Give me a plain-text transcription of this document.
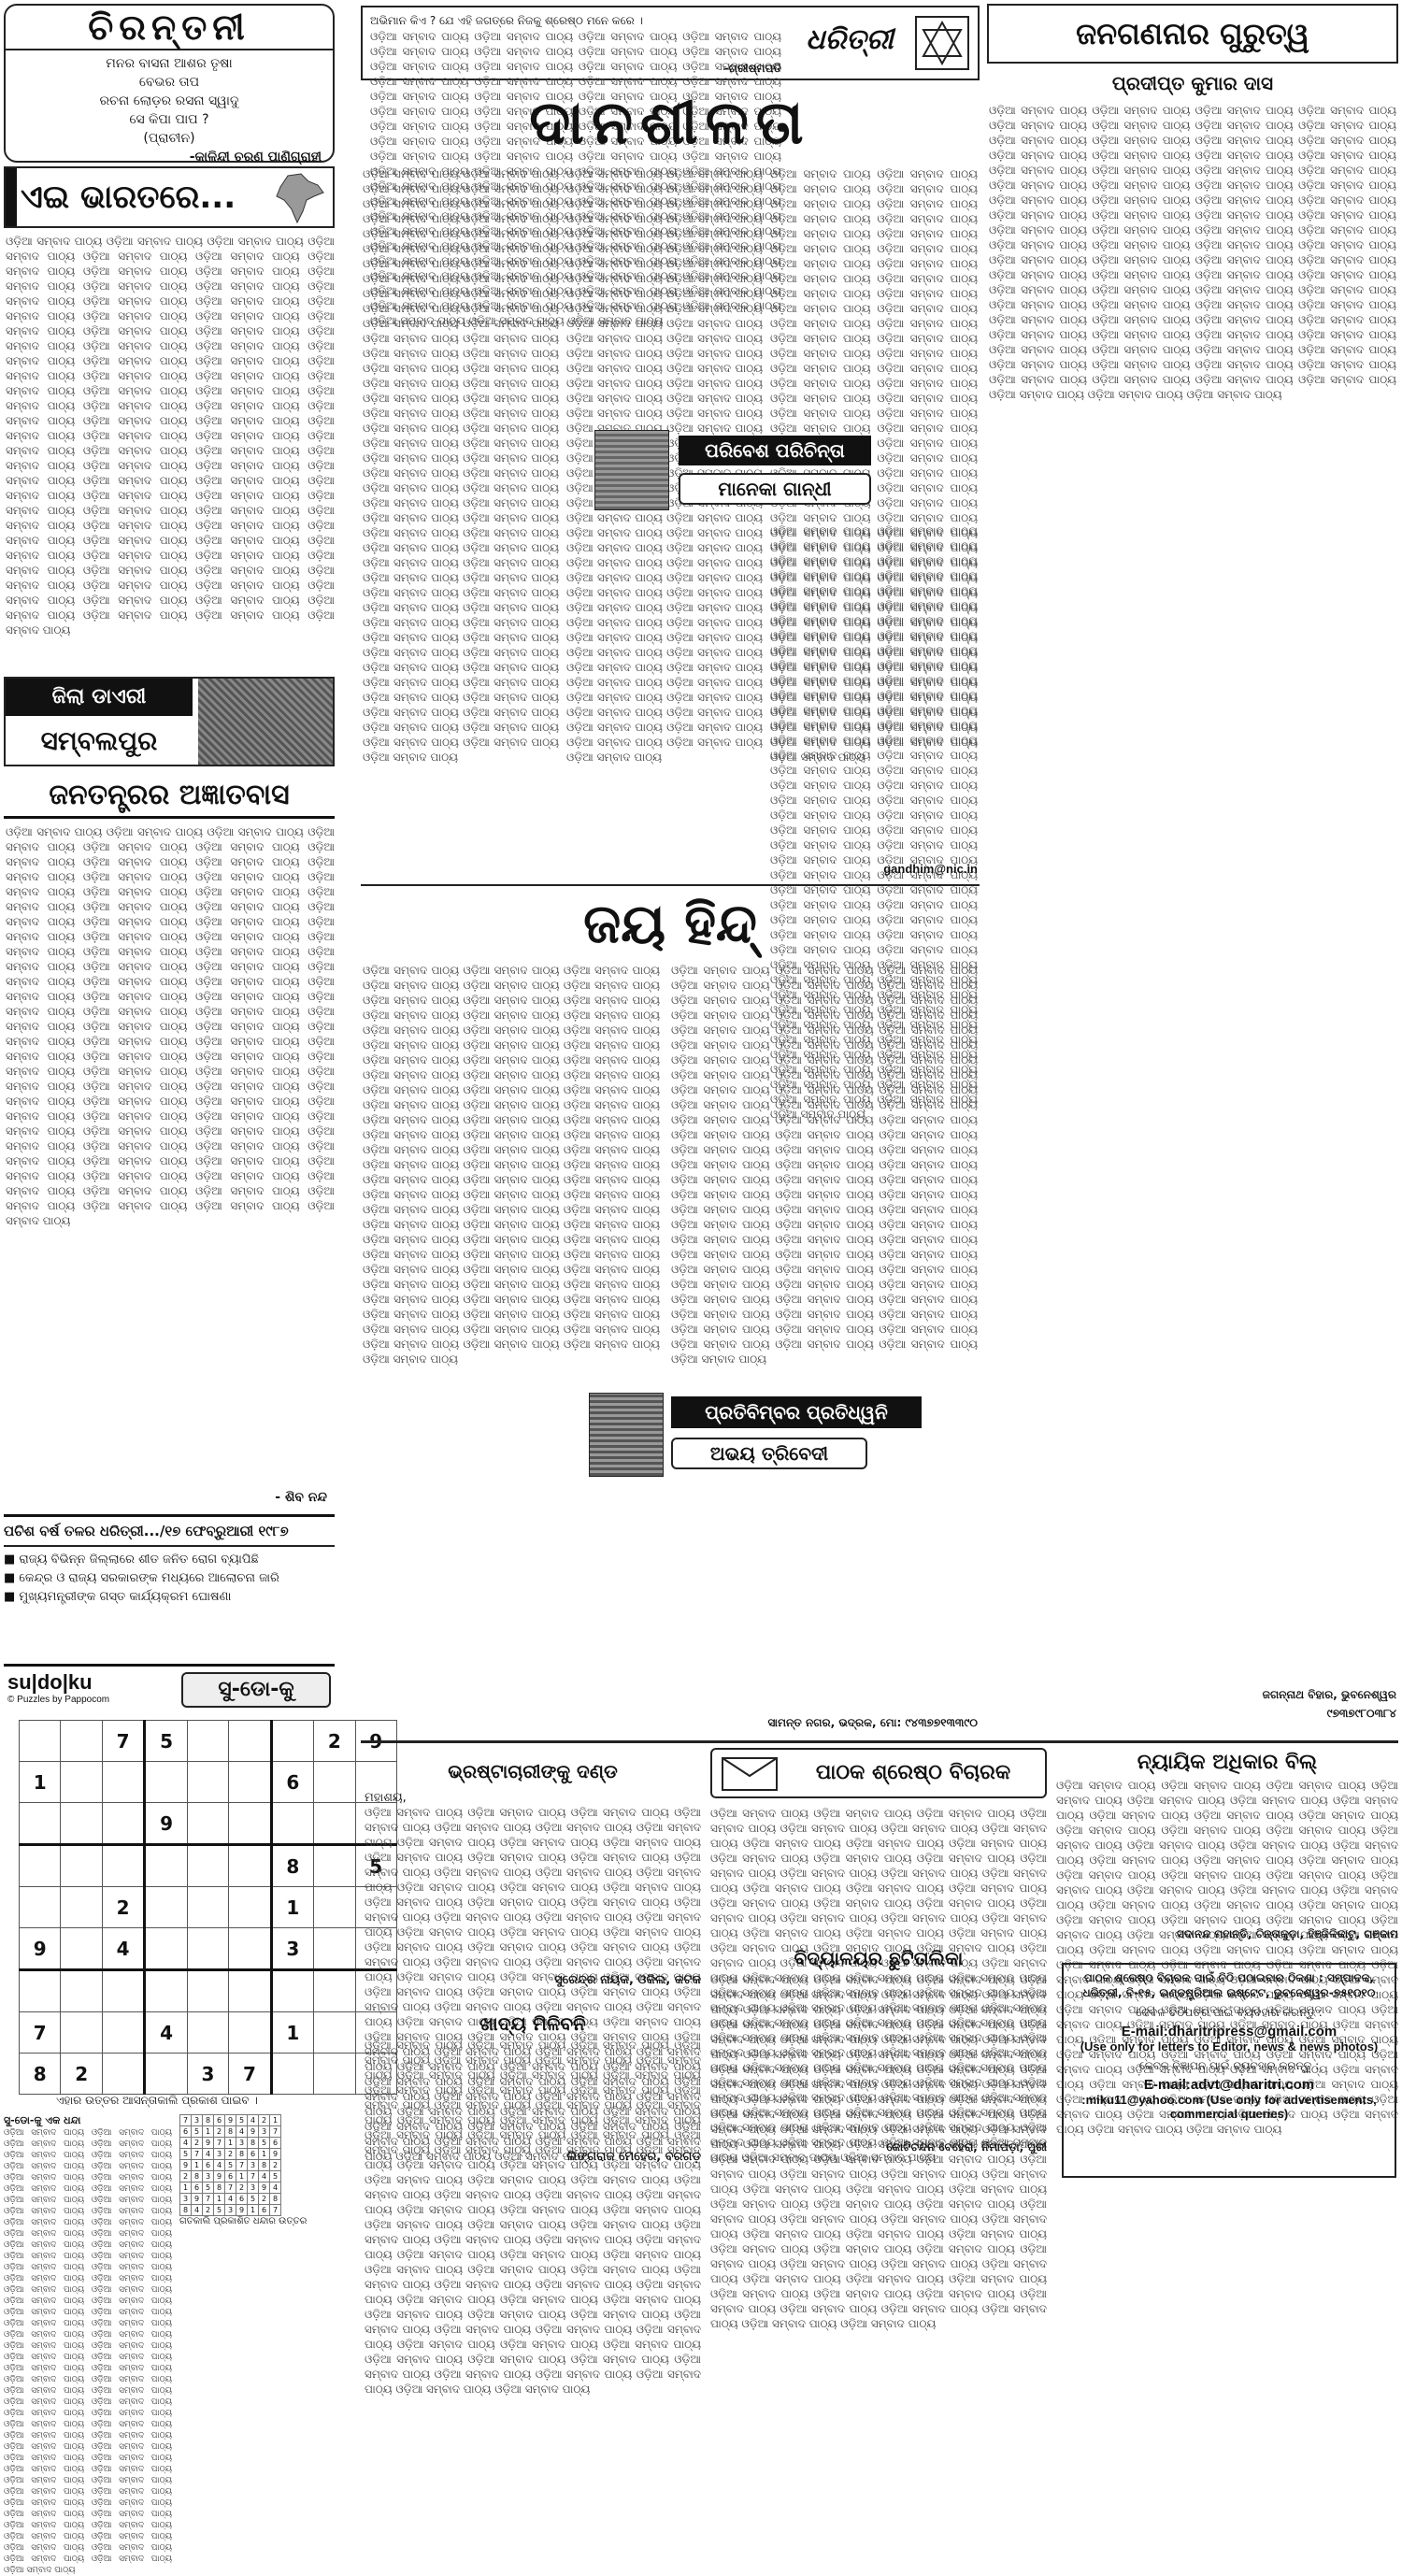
ଚିରନ୍ତନୀ
ମନର ବାସନା ଆଶର ତୃଷା
ବେଭର ତାପ
ରଚନା ଲୋଡ଼ର ରସନା ସ୍ୱାଦୁ
ସେ କିପା ପାପ ?
(ପ୍ରାଚୀନ)
-କାଳିନ୍ଦୀ ଚରଣ ପାଣିଗ୍ରାହୀ
ଏଇ ଭାରତରେ...
ଓଡ଼ିଆ ସମ୍ବାଦ ପାଠ୍ୟ ଓଡ଼ିଆ ସମ୍ବାଦ ପାଠ୍ୟ ଓଡ଼ିଆ ସମ୍ବାଦ ପାଠ୍ୟ ଓଡ଼ିଆ ସମ୍ବାଦ ପାଠ୍ୟ ଓଡ଼ିଆ ସମ୍ବାଦ ପାଠ୍ୟ ଓଡ଼ିଆ ସମ୍ବାଦ ପାଠ୍ୟ ଓଡ଼ିଆ ସମ୍ବାଦ ପାଠ୍ୟ ଓଡ଼ିଆ ସମ୍ବାଦ ପାଠ୍ୟ ଓଡ଼ିଆ ସମ୍ବାଦ ପାଠ୍ୟ ଓଡ଼ିଆ ସମ୍ବାଦ ପାଠ୍ୟ ଓଡ଼ିଆ ସମ୍ବାଦ ପାଠ୍ୟ ଓଡ଼ିଆ ସମ୍ବାଦ ପାଠ୍ୟ ଓଡ଼ିଆ ସମ୍ବାଦ ପାଠ୍ୟ ଓଡ଼ିଆ ସମ୍ବାଦ ପାଠ୍ୟ ଓଡ଼ିଆ ସମ୍ବାଦ ପାଠ୍ୟ ଓଡ଼ିଆ ସମ୍ବାଦ ପାଠ୍ୟ ଓଡ଼ିଆ ସମ୍ବାଦ ପାଠ୍ୟ ଓଡ଼ିଆ ସମ୍ବାଦ ପାଠ୍ୟ ଓଡ଼ିଆ ସମ୍ବାଦ ପାଠ୍ୟ ଓଡ଼ିଆ ସମ୍ବାଦ ପାଠ୍ୟ ଓଡ଼ିଆ ସମ୍ବାଦ ପାଠ୍ୟ ଓଡ଼ିଆ ସମ୍ବାଦ ପାଠ୍ୟ ଓଡ଼ିଆ ସମ୍ବାଦ ପାଠ୍ୟ ଓଡ଼ିଆ ସମ୍ବାଦ ପାଠ୍ୟ ଓଡ଼ିଆ ସମ୍ବାଦ ପାଠ୍ୟ ଓଡ଼ିଆ ସମ୍ବାଦ ପାଠ୍ୟ ଓଡ଼ିଆ ସମ୍ବାଦ ପାଠ୍ୟ ଓଡ଼ିଆ ସମ୍ବାଦ ପାଠ୍ୟ ଓଡ଼ିଆ ସମ୍ବାଦ ପାଠ୍ୟ ଓଡ଼ିଆ ସମ୍ବାଦ ପାଠ୍ୟ ଓଡ଼ିଆ ସମ୍ବାଦ ପାଠ୍ୟ ଓଡ଼ିଆ ସମ୍ବାଦ ପାଠ୍ୟ ଓଡ଼ିଆ ସମ୍ବାଦ ପାଠ୍ୟ ଓଡ଼ିଆ ସମ୍ବାଦ ପାଠ୍ୟ ଓଡ଼ିଆ ସମ୍ବାଦ ପାଠ୍ୟ ଓଡ଼ିଆ ସମ୍ବାଦ ପାଠ୍ୟ ଓଡ଼ିଆ ସମ୍ବାଦ ପାଠ୍ୟ ଓଡ଼ିଆ ସମ୍ବାଦ ପାଠ୍ୟ ଓଡ଼ିଆ ସମ୍ବାଦ ପାଠ୍ୟ ଓଡ଼ିଆ ସମ୍ବାଦ ପାଠ୍ୟ ଓଡ଼ିଆ ସମ୍ବାଦ ପାଠ୍ୟ ଓଡ଼ିଆ ସମ୍ବାଦ ପାଠ୍ୟ ଓଡ଼ିଆ ସମ୍ବାଦ ପାଠ୍ୟ ଓଡ଼ିଆ ସମ୍ବାଦ ପାଠ୍ୟ ଓଡ଼ିଆ ସମ୍ବାଦ ପାଠ୍ୟ ଓଡ଼ିଆ ସମ୍ବାଦ ପାଠ୍ୟ ଓଡ଼ିଆ ସମ୍ବାଦ ପାଠ୍ୟ ଓଡ଼ିଆ ସମ୍ବାଦ ପାଠ୍ୟ ଓଡ଼ିଆ ସମ୍ବାଦ ପାଠ୍ୟ ଓଡ଼ିଆ ସମ୍ବାଦ ପାଠ୍ୟ ଓଡ଼ିଆ ସମ୍ବାଦ ପାଠ୍ୟ ଓଡ଼ିଆ ସମ୍ବାଦ ପାଠ୍ୟ ଓଡ଼ିଆ ସମ୍ବାଦ ପାଠ୍ୟ ଓଡ଼ିଆ ସମ୍ବାଦ ପାଠ୍ୟ ଓଡ଼ିଆ ସମ୍ବାଦ ପାଠ୍ୟ ଓଡ଼ିଆ ସମ୍ବାଦ ପାଠ୍ୟ ଓଡ଼ିଆ ସମ୍ବାଦ ପାଠ୍ୟ ଓଡ଼ିଆ ସମ୍ବାଦ ପାଠ୍ୟ ଓଡ଼ିଆ ସମ୍ବାଦ ପାଠ୍ୟ ଓଡ଼ିଆ ସମ୍ବାଦ ପାଠ୍ୟ ଓଡ଼ିଆ ସମ୍ବାଦ ପାଠ୍ୟ ଓଡ଼ିଆ ସମ୍ବାଦ ପାଠ୍ୟ ଓଡ଼ିଆ ସମ୍ବାଦ ପାଠ୍ୟ ଓଡ଼ିଆ ସମ୍ବାଦ ପାଠ୍ୟ ଓଡ଼ିଆ ସମ୍ବାଦ ପାଠ୍ୟ ଓଡ଼ିଆ ସମ୍ବାଦ ପାଠ୍ୟ ଓଡ଼ିଆ ସମ୍ବାଦ ପାଠ୍ୟ ଓଡ଼ିଆ ସମ୍ବାଦ ପାଠ୍ୟ ଓଡ଼ିଆ ସମ୍ବାଦ ପାଠ୍ୟ ଓଡ଼ିଆ ସମ୍ବାଦ ପାଠ୍ୟ ଓଡ଼ିଆ ସମ୍ବାଦ ପାଠ୍ୟ ଓଡ଼ିଆ ସମ୍ବାଦ ପାଠ୍ୟ ଓଡ଼ିଆ ସମ୍ବାଦ ପାଠ୍ୟ ଓଡ଼ିଆ ସମ୍ବାଦ ପାଠ୍ୟ ଓଡ଼ିଆ ସମ୍ବାଦ ପାଠ୍ୟ ଓଡ଼ିଆ ସମ୍ବାଦ ପାଠ୍ୟ ଓଡ଼ିଆ ସମ୍ବାଦ ପାଠ୍ୟ ଓଡ଼ିଆ ସମ୍ବାଦ ପାଠ୍ୟ ଓଡ଼ିଆ ସମ୍ବାଦ ପାଠ୍ୟ
ଜିଲା ଡାଏରୀ
ସମ୍ବଲପୁର
ଜନତନ୍ତ୍ରର ଅଜ୍ଞାତବାସ
ଓଡ଼ିଆ ସମ୍ବାଦ ପାଠ୍ୟ ଓଡ଼ିଆ ସମ୍ବାଦ ପାଠ୍ୟ ଓଡ଼ିଆ ସମ୍ବାଦ ପାଠ୍ୟ ଓଡ଼ିଆ ସମ୍ବାଦ ପାଠ୍ୟ ଓଡ଼ିଆ ସମ୍ବାଦ ପାଠ୍ୟ ଓଡ଼ିଆ ସମ୍ବାଦ ପାଠ୍ୟ ଓଡ଼ିଆ ସମ୍ବାଦ ପାଠ୍ୟ ଓଡ଼ିଆ ସମ୍ବାଦ ପାଠ୍ୟ ଓଡ଼ିଆ ସମ୍ବାଦ ପାଠ୍ୟ ଓଡ଼ିଆ ସମ୍ବାଦ ପାଠ୍ୟ ଓଡ଼ିଆ ସମ୍ବାଦ ପାଠ୍ୟ ଓଡ଼ିଆ ସମ୍ବାଦ ପାଠ୍ୟ ଓଡ଼ିଆ ସମ୍ବାଦ ପାଠ୍ୟ ଓଡ଼ିଆ ସମ୍ବାଦ ପାଠ୍ୟ ଓଡ଼ିଆ ସମ୍ବାଦ ପାଠ୍ୟ ଓଡ଼ିଆ ସମ୍ବାଦ ପାଠ୍ୟ ଓଡ଼ିଆ ସମ୍ବାଦ ପାଠ୍ୟ ଓଡ଼ିଆ ସମ୍ବାଦ ପାଠ୍ୟ ଓଡ଼ିଆ ସମ୍ବାଦ ପାଠ୍ୟ ଓଡ଼ିଆ ସମ୍ବାଦ ପାଠ୍ୟ ଓଡ଼ିଆ ସମ୍ବାଦ ପାଠ୍ୟ ଓଡ଼ିଆ ସମ୍ବାଦ ପାଠ୍ୟ ଓଡ଼ିଆ ସମ୍ବାଦ ପାଠ୍ୟ ଓଡ଼ିଆ ସମ୍ବାଦ ପାଠ୍ୟ ଓଡ଼ିଆ ସମ୍ବାଦ ପାଠ୍ୟ ଓଡ଼ିଆ ସମ୍ବାଦ ପାଠ୍ୟ ଓଡ଼ିଆ ସମ୍ବାଦ ପାଠ୍ୟ ଓଡ଼ିଆ ସମ୍ବାଦ ପାଠ୍ୟ ଓଡ଼ିଆ ସମ୍ବାଦ ପାଠ୍ୟ ଓଡ଼ିଆ ସମ୍ବାଦ ପାଠ୍ୟ ଓଡ଼ିଆ ସମ୍ବାଦ ପାଠ୍ୟ ଓଡ଼ିଆ ସମ୍ବାଦ ପାଠ୍ୟ ଓଡ଼ିଆ ସମ୍ବାଦ ପାଠ୍ୟ ଓଡ଼ିଆ ସମ୍ବାଦ ପାଠ୍ୟ ଓଡ଼ିଆ ସମ୍ବାଦ ପାଠ୍ୟ ଓଡ଼ିଆ ସମ୍ବାଦ ପାଠ୍ୟ ଓଡ଼ିଆ ସମ୍ବାଦ ପାଠ୍ୟ ଓଡ଼ିଆ ସମ୍ବାଦ ପାଠ୍ୟ ଓଡ଼ିଆ ସମ୍ବାଦ ପାଠ୍ୟ ଓଡ଼ିଆ ସମ୍ବାଦ ପାଠ୍ୟ ଓଡ଼ିଆ ସମ୍ବାଦ ପାଠ୍ୟ ଓଡ଼ିଆ ସମ୍ବାଦ ପାଠ୍ୟ ଓଡ଼ିଆ ସମ୍ବାଦ ପାଠ୍ୟ ଓଡ଼ିଆ ସମ୍ବାଦ ପାଠ୍ୟ ଓଡ଼ିଆ ସମ୍ବାଦ ପାଠ୍ୟ ଓଡ଼ିଆ ସମ୍ବାଦ ପାଠ୍ୟ ଓଡ଼ିଆ ସମ୍ବାଦ ପାଠ୍ୟ ଓଡ଼ିଆ ସମ୍ବାଦ ପାଠ୍ୟ ଓଡ଼ିଆ ସମ୍ବାଦ ପାଠ୍ୟ ଓଡ଼ିଆ ସମ୍ବାଦ ପାଠ୍ୟ ଓଡ଼ିଆ ସମ୍ବାଦ ପାଠ୍ୟ ଓଡ଼ିଆ ସମ୍ବାଦ ପାଠ୍ୟ ଓଡ଼ିଆ ସମ୍ବାଦ ପାଠ୍ୟ ଓଡ଼ିଆ ସମ୍ବାଦ ପାଠ୍ୟ ଓଡ଼ିଆ ସମ୍ବାଦ ପାଠ୍ୟ ଓଡ଼ିଆ ସମ୍ବାଦ ପାଠ୍ୟ ଓଡ଼ିଆ ସମ୍ବାଦ ପାଠ୍ୟ ଓଡ଼ିଆ ସମ୍ବାଦ ପାଠ୍ୟ ଓଡ଼ିଆ ସମ୍ବାଦ ପାଠ୍ୟ ଓଡ଼ିଆ ସମ୍ବାଦ ପାଠ୍ୟ ଓଡ଼ିଆ ସମ୍ବାଦ ପାଠ୍ୟ ଓଡ଼ିଆ ସମ୍ବାଦ ପାଠ୍ୟ ଓଡ଼ିଆ ସମ୍ବାଦ ପାଠ୍ୟ ଓଡ଼ିଆ ସମ୍ବାଦ ପାଠ୍ୟ ଓଡ଼ିଆ ସମ୍ବାଦ ପାଠ୍ୟ ଓଡ଼ିଆ ସମ୍ବାଦ ପାଠ୍ୟ ଓଡ଼ିଆ ସମ୍ବାଦ ପାଠ୍ୟ ଓଡ଼ିଆ ସମ୍ବାଦ ପାଠ୍ୟ ଓଡ଼ିଆ ସମ୍ବାଦ ପାଠ୍ୟ ଓଡ଼ିଆ ସମ୍ବାଦ ପାଠ୍ୟ ଓଡ଼ିଆ ସମ୍ବାଦ ପାଠ୍ୟ ଓଡ଼ିଆ ସମ୍ବାଦ ପାଠ୍ୟ ଓଡ଼ିଆ ସମ୍ବାଦ ପାଠ୍ୟ ଓଡ଼ିଆ ସମ୍ବାଦ ପାଠ୍ୟ ଓଡ଼ିଆ ସମ୍ବାଦ ପାଠ୍ୟ ଓଡ଼ିଆ ସମ୍ବାଦ ପାଠ୍ୟ ଓଡ଼ିଆ ସମ୍ବାଦ ପାଠ୍ୟ ଓଡ଼ିଆ ସମ୍ବାଦ ପାଠ୍ୟ ଓଡ଼ିଆ ସମ୍ବାଦ ପାଠ୍ୟ
- ଶିବ ନନ୍ଦ
ପଚିଶ ବର୍ଷ ତଳର ଧରିତ୍ରୀ.../୧୭ ଫେବ୍ରୁଆରୀ ୧୯୮୭
■ ରାଜ୍ୟ ବିଭିନ୍ନ ଜିଲ୍ଲାରେ ଶୀତ ଜନିତ ରୋଗ ବ୍ୟାପିଛି
■ କେନ୍ଦ୍ର ଓ ରାଜ୍ୟ ସରକାରଙ୍କ ମଧ୍ୟରେ ଆଲୋଚନା ଜାରି
■ ମୁଖ୍ୟମନ୍ତ୍ରୀଙ୍କ ଗସ୍ତ କାର୍ଯ୍ୟକ୍ରମ ଘୋଷଣା
su|do|ku
© Puzzles by Pappocom	ସୁ-ଡୋ-କୁ
		7	5				2	
1						6		
			9					
						8		5
		2				1		
9		4				3		

7			4			1		
8	2			3	7			
ଏହାର ଉତ୍ତର ଆସନ୍ତାକାଲି ପ୍ରକାଶ ପାଇବ ।
ସୁ-ଡୋ-କୁ ଏକ ଧନ୍ଦା
ଓଡ଼ିଆ ସମ୍ବାଦ ପାଠ୍ୟ ଓଡ଼ିଆ ସମ୍ବାଦ ପାଠ୍ୟ ଓଡ଼ିଆ ସମ୍ବାଦ ପାଠ୍ୟ ଓଡ଼ିଆ ସମ୍ବାଦ ପାଠ୍ୟ ଓଡ଼ିଆ ସମ୍ବାଦ ପାଠ୍ୟ ଓଡ଼ିଆ ସମ୍ବାଦ ପାଠ୍ୟ ଓଡ଼ିଆ ସମ୍ବାଦ ପାଠ୍ୟ ଓଡ଼ିଆ ସମ୍ବାଦ ପାଠ୍ୟ ଓଡ଼ିଆ ସମ୍ବାଦ ପାଠ୍ୟ ଓଡ଼ିଆ ସମ୍ବାଦ ପାଠ୍ୟ ଓଡ଼ିଆ ସମ୍ବାଦ ପାଠ୍ୟ ଓଡ଼ିଆ ସମ୍ବାଦ ପାଠ୍ୟ ଓଡ଼ିଆ ସମ୍ବାଦ ପାଠ୍ୟ ଓଡ଼ିଆ ସମ୍ବାଦ ପାଠ୍ୟ ଓଡ଼ିଆ ସମ୍ବାଦ ପାଠ୍ୟ ଓଡ଼ିଆ ସମ୍ବାଦ ପାଠ୍ୟ ଓଡ଼ିଆ ସମ୍ବାଦ ପାଠ୍ୟ ଓଡ଼ିଆ ସମ୍ବାଦ ପାଠ୍ୟ ଓଡ଼ିଆ ସମ୍ବାଦ ପାଠ୍ୟ ଓଡ଼ିଆ ସମ୍ବାଦ ପାଠ୍ୟ ଓଡ଼ିଆ ସମ୍ବାଦ ପାଠ୍ୟ ଓଡ଼ିଆ ସମ୍ବାଦ ପାଠ୍ୟ ଓଡ଼ିଆ ସମ୍ବାଦ ପାଠ୍ୟ ଓଡ଼ିଆ ସମ୍ବାଦ ପାଠ୍ୟ ଓଡ଼ିଆ ସମ୍ବାଦ ପାଠ୍ୟ ଓଡ଼ିଆ ସମ୍ବାଦ ପାଠ୍ୟ ଓଡ଼ିଆ ସମ୍ବାଦ ପାଠ୍ୟ ଓଡ଼ିଆ ସମ୍ବାଦ ପାଠ୍ୟ ଓଡ଼ିଆ ସମ୍ବାଦ ପାଠ୍ୟ ଓଡ଼ିଆ ସମ୍ବାଦ ପାଠ୍ୟ ଓଡ଼ିଆ ସମ୍ବାଦ ପାଠ୍ୟ ଓଡ଼ିଆ ସମ୍ବାଦ ପାଠ୍ୟ ଓଡ଼ିଆ ସମ୍ବାଦ ପାଠ୍ୟ ଓଡ଼ିଆ ସମ୍ବାଦ ପାଠ୍ୟ ଓଡ଼ିଆ ସମ୍ବାଦ ପାଠ୍ୟ ଓଡ଼ିଆ ସମ୍ବାଦ ପାଠ୍ୟ ଓଡ଼ିଆ ସମ୍ବାଦ ପାଠ୍ୟ ଓଡ଼ିଆ ସମ୍ବାଦ ପାଠ୍ୟ ଓଡ଼ିଆ ସମ୍ବାଦ ପାଠ୍ୟ ଓଡ଼ିଆ ସମ୍ବାଦ ପାଠ୍ୟ ଓଡ଼ିଆ ସମ୍ବାଦ ପାଠ୍ୟ ଓଡ଼ିଆ ସମ୍ବାଦ ପାଠ୍ୟ ଓଡ଼ିଆ ସମ୍ବାଦ ପାଠ୍ୟ ଓଡ଼ିଆ ସମ୍ବାଦ ପାଠ୍ୟ ଓଡ଼ିଆ ସମ୍ବାଦ ପାଠ୍ୟ ଓଡ଼ିଆ ସମ୍ବାଦ ପାଠ୍ୟ ଓଡ଼ିଆ ସମ୍ବାଦ ପାଠ୍ୟ ଓଡ଼ିଆ ସମ୍ବାଦ ପାଠ୍ୟ ଓଡ଼ିଆ ସମ୍ବାଦ ପାଠ୍ୟ ଓଡ଼ିଆ ସମ୍ବାଦ ପାଠ୍ୟ ଓଡ଼ିଆ ସମ୍ବାଦ ପାଠ୍ୟ ଓଡ଼ିଆ ସମ୍ବାଦ ପାଠ୍ୟ ଓଡ଼ିଆ ସମ୍ବାଦ ପାଠ୍ୟ ଓଡ଼ିଆ ସମ୍ବାଦ ପାଠ୍ୟ ଓଡ଼ିଆ ସମ୍ବାଦ ପାଠ୍ୟ ଓଡ଼ିଆ ସମ୍ବାଦ ପାଠ୍ୟ ଓଡ଼ିଆ ସମ୍ବାଦ ପାଠ୍ୟ ଓଡ଼ିଆ ସମ୍ବାଦ ପାଠ୍ୟ ଓଡ଼ିଆ ସମ୍ବାଦ ପାଠ୍ୟ ଓଡ଼ିଆ ସମ୍ବାଦ ପାଠ୍ୟ ଓଡ଼ିଆ ସମ୍ବାଦ ପାଠ୍ୟ ଓଡ଼ିଆ ସମ୍ବାଦ ପାଠ୍ୟ ଓଡ଼ିଆ ସମ୍ବାଦ ପାଠ୍ୟ ଓଡ଼ିଆ ସମ୍ବାଦ ପାଠ୍ୟ ଓଡ଼ିଆ ସମ୍ବାଦ ପାଠ୍ୟ ଓଡ଼ିଆ ସମ୍ବାଦ ପାଠ୍ୟ ଓଡ଼ିଆ ସମ୍ବାଦ ପାଠ୍ୟ ଓଡ଼ିଆ ସମ୍ବାଦ ପାଠ୍ୟ ଓଡ଼ିଆ ସମ୍ବାଦ ପାଠ୍ୟ ଓଡ଼ିଆ ସମ୍ବାଦ ପାଠ୍ୟ ଓଡ଼ିଆ ସମ୍ବାଦ ପାଠ୍ୟ ଓଡ଼ିଆ ସମ୍ବାଦ ପାଠ୍ୟ ଓଡ଼ିଆ ସମ୍ବାଦ ପାଠ୍ୟ ଓଡ଼ିଆ ସମ୍ବାଦ ପାଠ୍ୟ ଓଡ଼ିଆ ସମ୍ବାଦ ପାଠ୍ୟ ଓଡ଼ିଆ ସମ୍ବାଦ ପାଠ୍ୟ ଓଡ଼ିଆ ସମ୍ବାଦ ପାଠ୍ୟ ଓଡ଼ିଆ ସମ୍ବାଦ ପାଠ୍ୟ ଓଡ଼ିଆ ସମ୍ବାଦ ପାଠ୍ୟ	7	3	8	6	9	5	4	2	1
6	5	1	2	8	4	9	3	7
4	2	9	7	1	3	8	5	6
5	7	4	3	2	8	6	1	9
9	1	6	4	5	7	3	8	2
2	8	3	9	6	1	7	4	5
1	6	5	8	7	2	3	9	4
3	9	7	1	4	6	5	2	8
8	4	2	5	3	9	1	6	7
ଗତକାଲି ପ୍ରକାଶିତ ଧନ୍ଦାର ଉତ୍ତର
ଅଭିମାନ କିଏ ? ଯେ ଏହି ଜଗତ୍ରେ ନିଜକୁ ଶ୍ରେଷ୍ଠ ମନେ କରେ ।
ଓଡ଼ିଆ ସମ୍ବାଦ ପାଠ୍ୟ ଓଡ଼ିଆ ସମ୍ବାଦ ପାଠ୍ୟ ଓଡ଼ିଆ ସମ୍ବାଦ ପାଠ୍ୟ ଓଡ଼ିଆ ସମ୍ବାଦ ପାଠ୍ୟ ଓଡ଼ିଆ ସମ୍ବାଦ ପାଠ୍ୟ ଓଡ଼ିଆ ସମ୍ବାଦ ପାଠ୍ୟ ଓଡ଼ିଆ ସମ୍ବାଦ ପାଠ୍ୟ ଓଡ଼ିଆ ସମ୍ବାଦ ପାଠ୍ୟ ଓଡ଼ିଆ ସମ୍ବାଦ ପାଠ୍ୟ ଓଡ଼ିଆ ସମ୍ବାଦ ପାଠ୍ୟ ଓଡ଼ିଆ ସମ୍ବାଦ ପାଠ୍ୟ ଓଡ଼ିଆ ସମ୍ବାଦ ପାଠ୍ୟ ଓଡ଼ିଆ ସମ୍ବାଦ ପାଠ୍ୟ ଓଡ଼ିଆ ସମ୍ବାଦ ପାଠ୍ୟ ଓଡ଼ିଆ ସମ୍ବାଦ ପାଠ୍ୟ ଓଡ଼ିଆ ସମ୍ବାଦ ପାଠ୍ୟ ଓଡ଼ିଆ ସମ୍ବାଦ ପାଠ୍ୟ ଓଡ଼ିଆ ସମ୍ବାଦ ପାଠ୍ୟ ଓଡ଼ିଆ ସମ୍ବାଦ ପାଠ୍ୟ ଓଡ଼ିଆ ସମ୍ବାଦ ପାଠ୍ୟ ଓଡ଼ିଆ ସମ୍ବାଦ ପାଠ୍ୟ ଓଡ଼ିଆ ସମ୍ବାଦ ପାଠ୍ୟ ଓଡ଼ିଆ ସମ୍ବାଦ ପାଠ୍ୟ ଓଡ଼ିଆ ସମ୍ବାଦ ପାଠ୍ୟ ଓଡ଼ିଆ ସମ୍ବାଦ ପାଠ୍ୟ ଓଡ଼ିଆ ସମ୍ବାଦ ପାଠ୍ୟ ଓଡ଼ିଆ ସମ୍ବାଦ ପାଠ୍ୟ ଓଡ଼ିଆ ସମ୍ବାଦ ପାଠ୍ୟ ଓଡ଼ିଆ ସମ୍ବାଦ ପାଠ୍ୟ ଓଡ଼ିଆ ସମ୍ବାଦ ପାଠ୍ୟ ଓଡ଼ିଆ ସମ୍ବାଦ ପାଠ୍ୟ ଓଡ଼ିଆ ସମ୍ବାଦ ପାଠ୍ୟ ଓଡ଼ିଆ ସମ୍ବାଦ ପାଠ୍ୟ ଓଡ଼ିଆ ସମ୍ବାଦ ପାଠ୍ୟ ଓଡ଼ିଆ ସମ୍ବାଦ ପାଠ୍ୟ ଓଡ଼ିଆ ସମ୍ବାଦ ପାଠ୍ୟ ଓଡ଼ିଆ ସମ୍ବାଦ ପାଠ୍ୟ ଓଡ଼ିଆ ସମ୍ବାଦ ପାଠ୍ୟ ଓଡ଼ିଆ ସମ୍ବାଦ ପାଠ୍ୟ ଓଡ଼ିଆ ସମ୍ବାଦ ପାଠ୍ୟ ଓଡ଼ିଆ ସମ୍ବାଦ ପାଠ୍ୟ ଓଡ଼ିଆ ସମ୍ବାଦ ପାଠ୍ୟ ଓଡ଼ିଆ ସମ୍ବାଦ ପାଠ୍ୟ ଓଡ଼ିଆ ସମ୍ବାଦ ପାଠ୍ୟ ଓଡ଼ିଆ ସମ୍ବାଦ ପାଠ୍ୟ ଓଡ଼ିଆ ସମ୍ବାଦ ପାଠ୍ୟ ଓଡ଼ିଆ ସମ୍ବାଦ ପାଠ୍ୟ ଓଡ଼ିଆ ସମ୍ବାଦ ପାଠ୍ୟ ଓଡ଼ିଆ ସମ୍ବାଦ ପାଠ୍ୟ ଓଡ଼ିଆ ସମ୍ବାଦ ପାଠ୍ୟ ଓଡ଼ିଆ ସମ୍ବାଦ ପାଠ୍ୟ ଓଡ଼ିଆ ସମ୍ବାଦ ପାଠ୍ୟ ଓଡ଼ିଆ ସମ୍ବାଦ ପାଠ୍ୟ ଓଡ଼ିଆ ସମ୍ବାଦ ପାଠ୍ୟ ଓଡ଼ିଆ ସମ୍ବାଦ ପାଠ୍ୟ ଓଡ଼ିଆ ସମ୍ବାଦ ପାଠ୍ୟ ଓଡ଼ିଆ ସମ୍ବାଦ ପାଠ୍ୟ ଓଡ଼ିଆ ସମ୍ବାଦ ପାଠ୍ୟ ଓଡ଼ିଆ ସମ୍ବାଦ ପାଠ୍ୟ ଓଡ଼ିଆ ସମ୍ବାଦ ପାଠ୍ୟ ଓଡ଼ିଆ ସମ୍ବାଦ ପାଠ୍ୟ ଓଡ଼ିଆ ସମ୍ବାଦ ପାଠ୍ୟ ଓଡ଼ିଆ ସମ୍ବାଦ ପାଠ୍ୟ ଓଡ଼ିଆ ସମ୍ବାଦ ପାଠ୍ୟ ଓଡ଼ିଆ ସମ୍ବାଦ ପାଠ୍ୟ ଓଡ଼ିଆ ସମ୍ବାଦ ପାଠ୍ୟ ଓଡ଼ିଆ ସମ୍ବାଦ ପାଠ୍ୟ ଓଡ଼ିଆ ସମ୍ବାଦ ପାଠ୍ୟ ଓଡ଼ିଆ ସମ୍ବାଦ ପାଠ୍ୟ ଓଡ଼ିଆ ସମ୍ବାଦ ପାଠ୍ୟ ଓଡ଼ିଆ ସମ୍ବାଦ ପାଠ୍ୟ ଓଡ଼ିଆ ସମ୍ବାଦ ପାଠ୍ୟ ଓଡ଼ିଆ ସମ୍ବାଦ ପାଠ୍ୟ ଓଡ଼ିଆ ସମ୍ବାଦ ପାଠ୍ୟ ଓଡ଼ିଆ ସମ୍ବାଦ ପାଠ୍ୟ ଓଡ଼ିଆ ସମ୍ବାଦ ପାଠ୍ୟ ଓଡ଼ିଆ ସମ୍ବାଦ ପାଠ୍ୟ ଓଡ଼ିଆ ସମ୍ବାଦ ପାଠ୍ୟ ଓଡ଼ିଆ ସମ୍ବାଦ ପାଠ୍ୟ
-ଗ୍ରୀଷ୍ମପତି
ଧରିତ୍ରୀ
ଦାନଶୀଳତା
ଓଡ଼ିଆ ସମ୍ବାଦ ପାଠ୍ୟ ଓଡ଼ିଆ ସମ୍ବାଦ ପାଠ୍ୟ ଓଡ଼ିଆ ସମ୍ବାଦ ପାଠ୍ୟ ଓଡ଼ିଆ ସମ୍ବାଦ ପାଠ୍ୟ ଓଡ଼ିଆ ସମ୍ବାଦ ପାଠ୍ୟ ଓଡ଼ିଆ ସମ୍ବାଦ ପାଠ୍ୟ ଓଡ଼ିଆ ସମ୍ବାଦ ପାଠ୍ୟ ଓଡ଼ିଆ ସମ୍ବାଦ ପାଠ୍ୟ ଓଡ଼ିଆ ସମ୍ବାଦ ପାଠ୍ୟ ଓଡ଼ିଆ ସମ୍ବାଦ ପାଠ୍ୟ ଓଡ଼ିଆ ସମ୍ବାଦ ପାଠ୍ୟ ଓଡ଼ିଆ ସମ୍ବାଦ ପାଠ୍ୟ ଓଡ଼ିଆ ସମ୍ବାଦ ପାଠ୍ୟ ଓଡ଼ିଆ ସମ୍ବାଦ ପାଠ୍ୟ ଓଡ଼ିଆ ସମ୍ବାଦ ପାଠ୍ୟ ଓଡ଼ିଆ ସମ୍ବାଦ ପାଠ୍ୟ ଓଡ଼ିଆ ସମ୍ବାଦ ପାଠ୍ୟ ଓଡ଼ିଆ ସମ୍ବାଦ ପାଠ୍ୟ ଓଡ଼ିଆ ସମ୍ବାଦ ପାଠ୍ୟ ଓଡ଼ିଆ ସମ୍ବାଦ ପାଠ୍ୟ ଓଡ଼ିଆ ସମ୍ବାଦ ପାଠ୍ୟ ଓଡ଼ିଆ ସମ୍ବାଦ ପାଠ୍ୟ ଓଡ଼ିଆ ସମ୍ବାଦ ପାଠ୍ୟ ଓଡ଼ିଆ ସମ୍ବାଦ ପାଠ୍ୟ ଓଡ଼ିଆ ସମ୍ବାଦ ପାଠ୍ୟ ଓଡ଼ିଆ ସମ୍ବାଦ ପାଠ୍ୟ ଓଡ଼ିଆ ସମ୍ବାଦ ପାଠ୍ୟ ଓଡ଼ିଆ ସମ୍ବାଦ ପାଠ୍ୟ ଓଡ଼ିଆ ସମ୍ବାଦ ପାଠ୍ୟ ଓଡ଼ିଆ ସମ୍ବାଦ ପାଠ୍ୟ ଓଡ଼ିଆ ସମ୍ବାଦ ପାଠ୍ୟ ଓଡ଼ିଆ ସମ୍ବାଦ ପାଠ୍ୟ ଓଡ଼ିଆ ସମ୍ବାଦ ପାଠ୍ୟ ଓଡ଼ିଆ ସମ୍ବାଦ ପାଠ୍ୟ ଓଡ଼ିଆ ସମ୍ବାଦ ପାଠ୍ୟ ଓଡ଼ିଆ ସମ୍ବାଦ ପାଠ୍ୟ ଓଡ଼ିଆ ସମ୍ବାଦ ପାଠ୍ୟ ଓଡ଼ିଆ ସମ୍ବାଦ ପାଠ୍ୟ ଓଡ଼ିଆ ସମ୍ବାଦ ପାଠ୍ୟ ଓଡ଼ିଆ ସମ୍ବାଦ ପାଠ୍ୟ ଓଡ଼ିଆ ସମ୍ବାଦ ପାଠ୍ୟ ଓଡ଼ିଆ ସମ୍ବାଦ ପାଠ୍ୟ ଓଡ଼ିଆ ସମ୍ବାଦ ପାଠ୍ୟ ଓଡ଼ିଆ ସମ୍ବାଦ ପାଠ୍ୟ ଓଡ଼ିଆ ସମ୍ବାଦ ପାଠ୍ୟ ଓଡ଼ିଆ ସମ୍ବାଦ ପାଠ୍ୟ ଓଡ଼ିଆ ସମ୍ବାଦ ପାଠ୍ୟ ଓଡ଼ିଆ ସମ୍ବାଦ ପାଠ୍ୟ ଓଡ଼ିଆ ସମ୍ବାଦ ପାଠ୍ୟ ଓଡ଼ିଆ ସମ୍ବାଦ ପାଠ୍ୟ ଓଡ଼ିଆ ସମ୍ବାଦ ପାଠ୍ୟ ଓଡ଼ିଆ ସମ୍ବାଦ ପାଠ୍ୟ ଓଡ଼ିଆ ସମ୍ବାଦ ପାଠ୍ୟ ଓଡ଼ିଆ ସମ୍ବାଦ ପାଠ୍ୟ ଓଡ଼ିଆ ସମ୍ବାଦ ପାଠ୍ୟ ଓଡ଼ିଆ ସମ୍ବାଦ ପାଠ୍ୟ ଓଡ଼ିଆ ସମ୍ବାଦ ପାଠ୍ୟ ଓଡ଼ିଆ ସମ୍ବାଦ ପାଠ୍ୟ ଓଡ଼ିଆ ସମ୍ବାଦ ପାଠ୍ୟ ଓଡ଼ିଆ ସମ୍ବାଦ ପାଠ୍ୟ ଓଡ଼ିଆ ସମ୍ବାଦ ପାଠ୍ୟ ଓଡ଼ିଆ ସମ୍ବାଦ ପାଠ୍ୟ ଓଡ଼ିଆ ସମ୍ବାଦ ପାଠ୍ୟ ଓଡ଼ିଆ ସମ୍ବାଦ ପାଠ୍ୟ ଓଡ଼ିଆ ସମ୍ବାଦ ପାଠ୍ୟ ଓଡ଼ିଆ ସମ୍ବାଦ ପାଠ୍ୟ ଓଡ଼ିଆ ସମ୍ବାଦ ପାଠ୍ୟ ଓଡ଼ିଆ ସମ୍ବାଦ ପାଠ୍ୟ ଓଡ଼ିଆ ସମ୍ବାଦ ପାଠ୍ୟ ଓଡ଼ିଆ ସମ୍ବାଦ ପାଠ୍ୟ ଓଡ଼ିଆ ସମ୍ବାଦ ପାଠ୍ୟ ଓଡ଼ିଆ ସମ୍ବାଦ ପାଠ୍ୟ ଓଡ଼ିଆ ସମ୍ବାଦ ପାଠ୍ୟ ଓଡ଼ିଆ ସମ୍ବାଦ ପାଠ୍ୟ ଓଡ଼ିଆ ସମ୍ବାଦ ପାଠ୍ୟ ଓଡ଼ିଆ ସମ୍ବାଦ ପାଠ୍ୟ ଓଡ଼ିଆ ସମ୍ବାଦ ପାଠ୍ୟ ଓଡ଼ିଆ ସମ୍ବାଦ ପାଠ୍ୟ ଓଡ଼ିଆ ସମ୍ବାଦ ପାଠ୍ୟ
ଓଡ଼ିଆ ସମ୍ବାଦ ପାଠ୍ୟ ଓଡ଼ିଆ ସମ୍ବାଦ ପାଠ୍ୟ ଓଡ଼ିଆ ସମ୍ବାଦ ପାଠ୍ୟ ଓଡ଼ିଆ ସମ୍ବାଦ ପାଠ୍ୟ ଓଡ଼ିଆ ସମ୍ବାଦ ପାଠ୍ୟ ଓଡ଼ିଆ ସମ୍ବାଦ ପାଠ୍ୟ ଓଡ଼ିଆ ସମ୍ବାଦ ପାଠ୍ୟ ଓଡ଼ିଆ ସମ୍ବାଦ ପାଠ୍ୟ ଓଡ଼ିଆ ସମ୍ବାଦ ପାଠ୍ୟ ଓଡ଼ିଆ ସମ୍ବାଦ ପାଠ୍ୟ ଓଡ଼ିଆ ସମ୍ବାଦ ପାଠ୍ୟ ଓଡ଼ିଆ ସମ୍ବାଦ ପାଠ୍ୟ ଓଡ଼ିଆ ସମ୍ବାଦ ପାଠ୍ୟ ଓଡ଼ିଆ ସମ୍ବାଦ ପାଠ୍ୟ ଓଡ଼ିଆ ସମ୍ବାଦ ପାଠ୍ୟ ଓଡ଼ିଆ ସମ୍ବାଦ ପାଠ୍ୟ ଓଡ଼ିଆ ସମ୍ବାଦ ପାଠ୍ୟ ଓଡ଼ିଆ ସମ୍ବାଦ ପାଠ୍ୟ ଓଡ଼ିଆ ସମ୍ବାଦ ପାଠ୍ୟ ଓଡ଼ିଆ ସମ୍ବାଦ ପାଠ୍ୟ ଓଡ଼ିଆ ସମ୍ବାଦ ପାଠ୍ୟ ଓଡ଼ିଆ ସମ୍ବାଦ ପାଠ୍ୟ ଓଡ଼ିଆ ସମ୍ବାଦ ପାଠ୍ୟ ଓଡ଼ିଆ ସମ୍ବାଦ ପାଠ୍ୟ ଓଡ଼ିଆ ସମ୍ବାଦ ପାଠ୍ୟ ଓଡ଼ିଆ ସମ୍ବାଦ ପାଠ୍ୟ ଓଡ଼ିଆ ସମ୍ବାଦ ପାଠ୍ୟ ଓଡ଼ିଆ ସମ୍ବାଦ ପାଠ୍ୟ ଓଡ଼ିଆ ସମ୍ବାଦ ପାଠ୍ୟ ଓଡ଼ିଆ ସମ୍ବାଦ ପାଠ୍ୟ ଓଡ଼ିଆ ସମ୍ବାଦ ପାଠ୍ୟ ଓଡ଼ିଆ ସମ୍ବାଦ ପାଠ୍ୟ ଓଡ଼ିଆ ସମ୍ବାଦ ପାଠ୍ୟ ଓଡ଼ିଆ ସମ୍ବାଦ ପାଠ୍ୟ ଓଡ଼ିଆ ସମ୍ବାଦ ପାଠ୍ୟ ଓଡ଼ିଆ ସମ୍ବାଦ ପାଠ୍ୟ ଓଡ଼ିଆ ସମ୍ବାଦ ପାଠ୍ୟ ଓଡ଼ିଆ ସମ୍ବାଦ ପାଠ୍ୟ ଓଡ଼ିଆ ସମ୍ବାଦ ପାଠ୍ୟ ଓଡ଼ିଆ ସମ୍ବାଦ ପାଠ୍ୟ ଓଡ଼ିଆ ସମ୍ବାଦ ପାଠ୍ୟ ଓଡ଼ିଆ ସମ୍ବାଦ ପାଠ୍ୟ ଓଡ଼ିଆ ସମ୍ବାଦ ପାଠ୍ୟ ଓଡ଼ିଆ ସମ୍ବାଦ ପାଠ୍ୟ ଓଡ଼ିଆ ସମ୍ବାଦ ପାଠ୍ୟ ଓଡ଼ିଆ ସମ୍ବାଦ ପାଠ୍ୟ ଓଡ଼ିଆ ସମ୍ବାଦ ପାଠ୍ୟ ଓଡ଼ିଆ ସମ୍ବାଦ ପାଠ୍ୟ ଓଡ଼ିଆ ସମ୍ବାଦ ପାଠ୍ୟ ଓଡ଼ିଆ ସମ୍ବାଦ ପାଠ୍ୟ ଓଡ଼ିଆ ସମ୍ବାଦ ପାଠ୍ୟ ଓଡ଼ିଆ ସମ୍ବାଦ ପାଠ୍ୟ ଓଡ଼ିଆ ସମ୍ବାଦ ପାଠ୍ୟ ଓଡ଼ିଆ ସମ୍ବାଦ ପାଠ୍ୟ ଓଡ଼ିଆ ସମ୍ବାଦ ପାଠ୍ୟ ଓଡ଼ିଆ ସମ୍ବାଦ ପାଠ୍ୟ ଓଡ଼ିଆ ସମ୍ବାଦ ପାଠ୍ୟ ଓଡ଼ିଆ ସମ୍ବାଦ ପାଠ୍ୟ ଓଡ଼ିଆ ସମ୍ବାଦ ପାଠ୍ୟ ଓଡ଼ିଆ ସମ୍ବାଦ ପାଠ୍ୟ ଓଡ଼ିଆ ସମ୍ବାଦ ପାଠ୍ୟ ଓଡ଼ିଆ ସମ୍ବାଦ ପାଠ୍ୟ ଓଡ଼ିଆ ସମ୍ବାଦ ପାଠ୍ୟ ଓଡ଼ିଆ ସମ୍ବାଦ ପାଠ୍ୟ ଓଡ଼ିଆ ସମ୍ବାଦ ପାଠ୍ୟ ଓଡ଼ିଆ ସମ୍ବାଦ ପାଠ୍ୟ ଓଡ଼ିଆ ସମ୍ବାଦ ପାଠ୍ୟ ଓଡ଼ିଆ ସମ୍ବାଦ ପାଠ୍ୟ ଓଡ଼ିଆ ସମ୍ବାଦ ପାଠ୍ୟ ଓଡ଼ିଆ ସମ୍ବାଦ ପାଠ୍ୟ ଓଡ଼ିଆ ସମ୍ବାଦ ପାଠ୍ୟ ଓଡ଼ିଆ ସମ୍ବାଦ ପାଠ୍ୟ ଓଡ଼ିଆ ସମ୍ବାଦ ପାଠ୍ୟ ଓଡ଼ିଆ ସମ୍ବାଦ ପାଠ୍ୟ ଓଡ଼ିଆ ସମ୍ବାଦ ପାଠ୍ୟ ଓଡ଼ିଆ ସମ୍ବାଦ ପାଠ୍ୟ ଓଡ଼ିଆ ସମ୍ବାଦ ପାଠ୍ୟ ଓଡ଼ିଆ ସମ୍ବାଦ ପାଠ୍ୟ ଓଡ଼ିଆ ସମ୍ବାଦ ପାଠ୍ୟ
ଓଡ଼ିଆ ସମ୍ବାଦ ପାଠ୍ୟ ଓଡ଼ିଆ ସମ୍ବାଦ ପାଠ୍ୟ ଓଡ଼ିଆ ସମ୍ବାଦ ପାଠ୍ୟ ଓଡ଼ିଆ ସମ୍ବାଦ ପାଠ୍ୟ ଓଡ଼ିଆ ସମ୍ବାଦ ପାଠ୍ୟ ଓଡ଼ିଆ ସମ୍ବାଦ ପାଠ୍ୟ ଓଡ଼ିଆ ସମ୍ବାଦ ପାଠ୍ୟ ଓଡ଼ିଆ ସମ୍ବାଦ ପାଠ୍ୟ ଓଡ଼ିଆ ସମ୍ବାଦ ପାଠ୍ୟ ଓଡ଼ିଆ ସମ୍ବାଦ ପାଠ୍ୟ ଓଡ଼ିଆ ସମ୍ବାଦ ପାଠ୍ୟ ଓଡ଼ିଆ ସମ୍ବାଦ ପାଠ୍ୟ ଓଡ଼ିଆ ସମ୍ବାଦ ପାଠ୍ୟ ଓଡ଼ିଆ ସମ୍ବାଦ ପାଠ୍ୟ ଓଡ଼ିଆ ସମ୍ବାଦ ପାଠ୍ୟ ଓଡ଼ିଆ ସମ୍ବାଦ ପାଠ୍ୟ ଓଡ଼ିଆ ସମ୍ବାଦ ପାଠ୍ୟ ଓଡ଼ିଆ ସମ୍ବାଦ ପାଠ୍ୟ ଓଡ଼ିଆ ସମ୍ବାଦ ପାଠ୍ୟ ଓଡ଼ିଆ ସମ୍ବାଦ ପାଠ୍ୟ ଓଡ଼ିଆ ସମ୍ବାଦ ପାଠ୍ୟ ଓଡ଼ିଆ ସମ୍ବାଦ ପାଠ୍ୟ ଓଡ଼ିଆ ସମ୍ବାଦ ପାଠ୍ୟ ଓଡ଼ିଆ ସମ୍ବାଦ ପାଠ୍ୟ ଓଡ଼ିଆ ସମ୍ବାଦ ପାଠ୍ୟ ଓଡ଼ିଆ ସମ୍ବାଦ ପାଠ୍ୟ ଓଡ଼ିଆ ସମ୍ବାଦ ପାଠ୍ୟ ଓଡ଼ିଆ ସମ୍ବାଦ ପାଠ୍ୟ ଓଡ଼ିଆ ସମ୍ବାଦ ପାଠ୍ୟ ଓଡ଼ିଆ ସମ୍ବାଦ ପାଠ୍ୟ ଓଡ଼ିଆ ସମ୍ବାଦ ପାଠ୍ୟ ଓଡ଼ିଆ ସମ୍ବାଦ ପାଠ୍ୟ ଓଡ଼ିଆ ସମ୍ବାଦ ପାଠ୍ୟ ଓଡ଼ିଆ ସମ୍ବାଦ ପାଠ୍ୟ ଓଡ଼ିଆ ସମ୍ବାଦ ପାଠ୍ୟ ଓଡ଼ିଆ ସମ୍ବାଦ ପାଠ୍ୟ ଓଡ଼ିଆ ସମ୍ବାଦ ପାଠ୍ୟ ଓଡ଼ିଆ ସମ୍ବାଦ ପାଠ୍ୟ ଓଡ଼ିଆ ସମ୍ବାଦ ପାଠ୍ୟ ଓଡ଼ିଆ ସମ୍ବାଦ ପାଠ୍ୟ ଓଡ଼ିଆ ସମ୍ବାଦ ପାଠ୍ୟ ଓଡ଼ିଆ ସମ୍ବାଦ ପାଠ୍ୟ ଓଡ଼ିଆ ସମ୍ବାଦ ପାଠ୍ୟ ଓଡ଼ିଆ ସମ୍ବାଦ ପାଠ୍ୟ ଓଡ଼ିଆ ସମ୍ବାଦ ପାଠ୍ୟ ଓଡ଼ିଆ ସମ୍ବାଦ ପାଠ୍ୟ ଓଡ଼ିଆ ସମ୍ବାଦ ପାଠ୍ୟ ଓଡ଼ିଆ ସମ୍ବାଦ ପାଠ୍ୟ ଓଡ଼ିଆ ସମ୍ବାଦ ପାଠ୍ୟ ଓଡ଼ିଆ ସମ୍ବାଦ ପାଠ୍ୟ ଓଡ଼ିଆ ସମ୍ବାଦ ପାଠ୍ୟ ଓଡ଼ିଆ ସମ୍ବାଦ ପାଠ୍ୟ ଓଡ଼ିଆ ସମ୍ବାଦ ପାଠ୍ୟ ଓଡ଼ିଆ ସମ୍ବାଦ ପାଠ୍ୟ ଓଡ଼ିଆ ସମ୍ବାଦ ପାଠ୍ୟ ଓଡ଼ିଆ ସମ୍ବାଦ ପାଠ୍ୟ ଓଡ଼ିଆ ସମ୍ବାଦ ପାଠ୍ୟ ଓଡ଼ିଆ ସମ୍ବାଦ ପାଠ୍ୟ ଓଡ଼ିଆ ସମ୍ବାଦ ପାଠ୍ୟ ଓଡ଼ିଆ ସମ୍ବାଦ ପାଠ୍ୟ ଓଡ଼ିଆ ସମ୍ବାଦ ପାଠ୍ୟ ଓଡ଼ିଆ ସମ୍ବାଦ ପାଠ୍ୟ ଓଡ଼ିଆ ସମ୍ବାଦ ପାଠ୍ୟ ଓଡ଼ିଆ ସମ୍ବାଦ ପାଠ୍ୟ ଓଡ଼ିଆ ସମ୍ବାଦ ପାଠ୍ୟ ଓଡ଼ିଆ ସମ୍ବାଦ ପାଠ୍ୟ ଓଡ଼ିଆ ସମ୍ବାଦ ପାଠ୍ୟ ଓଡ଼ିଆ ସମ୍ବାଦ ପାଠ୍ୟ ଓଡ଼ିଆ ସମ୍ବାଦ ପାଠ୍ୟ ଓଡ଼ିଆ ସମ୍ବାଦ ପାଠ୍ୟ ଓଡ଼ିଆ ସମ୍ବାଦ ପାଠ୍ୟ ଓଡ଼ିଆ ସମ୍ବାଦ ପାଠ୍ୟ ଓଡ଼ିଆ ସମ୍ବାଦ ପାଠ୍ୟ ଓଡ଼ିଆ ସମ୍ବାଦ ପାଠ୍ୟ ଓଡ଼ିଆ ସମ୍ବାଦ ପାଠ୍ୟ ଓଡ଼ିଆ ସମ୍ବାଦ ପାଠ୍ୟ ଓଡ଼ିଆ ସମ୍ବାଦ ପାଠ୍ୟ ଓଡ଼ିଆ ସମ୍ବାଦ ପାଠ୍ୟ ଓଡ଼ିଆ ସମ୍ବାଦ ପାଠ୍ୟ
ପରିବେଶ ପରିଚିନ୍ତା
ମାନେକା ଗାନ୍ଧୀ
ଓଡ଼ିଆ ସମ୍ବାଦ ପାଠ୍ୟ ଓଡ଼ିଆ ସମ୍ବାଦ ପାଠ୍ୟ ଓଡ଼ିଆ ସମ୍ବାଦ ପାଠ୍ୟ ଓଡ଼ିଆ ସମ୍ବାଦ ପାଠ୍ୟ ଓଡ଼ିଆ ସମ୍ବାଦ ପାଠ୍ୟ ଓଡ଼ିଆ ସମ୍ବାଦ ପାଠ୍ୟ ଓଡ଼ିଆ ସମ୍ବାଦ ପାଠ୍ୟ ଓଡ଼ିଆ ସମ୍ବାଦ ପାଠ୍ୟ ଓଡ଼ିଆ ସମ୍ବାଦ ପାଠ୍ୟ ଓଡ଼ିଆ ସମ୍ବାଦ ପାଠ୍ୟ ଓଡ଼ିଆ ସମ୍ବାଦ ପାଠ୍ୟ ଓଡ଼ିଆ ସମ୍ବାଦ ପାଠ୍ୟ ଓଡ଼ିଆ ସମ୍ବାଦ ପାଠ୍ୟ ଓଡ଼ିଆ ସମ୍ବାଦ ପାଠ୍ୟ ଓଡ଼ିଆ ସମ୍ବାଦ ପାଠ୍ୟ ଓଡ଼ିଆ ସମ୍ବାଦ ପାଠ୍ୟ ଓଡ଼ିଆ ସମ୍ବାଦ ପାଠ୍ୟ ଓଡ଼ିଆ ସମ୍ବାଦ ପାଠ୍ୟ ଓଡ଼ିଆ ସମ୍ବାଦ ପାଠ୍ୟ ଓଡ଼ିଆ ସମ୍ବାଦ ପାଠ୍ୟ ଓଡ଼ିଆ ସମ୍ବାଦ ପାଠ୍ୟ ଓଡ଼ିଆ ସମ୍ବାଦ ପାଠ୍ୟ ଓଡ଼ିଆ ସମ୍ବାଦ ପାଠ୍ୟ ଓଡ଼ିଆ ସମ୍ବାଦ ପାଠ୍ୟ ଓଡ଼ିଆ ସମ୍ବାଦ ପାଠ୍ୟ ଓଡ଼ିଆ ସମ୍ବାଦ ପାଠ୍ୟ ଓଡ଼ିଆ ସମ୍ବାଦ ପାଠ୍ୟ ଓଡ଼ିଆ ସମ୍ବାଦ ପାଠ୍ୟ ଓଡ଼ିଆ ସମ୍ବାଦ ପାଠ୍ୟ ଓଡ଼ିଆ ସମ୍ବାଦ ପାଠ୍ୟ ଓଡ଼ିଆ ସମ୍ବାଦ ପାଠ୍ୟ ଓଡ଼ିଆ ସମ୍ବାଦ ପାଠ୍ୟ ଓଡ଼ିଆ ସମ୍ବାଦ ପାଠ୍ୟ ଓଡ଼ିଆ ସମ୍ବାଦ ପାଠ୍ୟ ଓଡ଼ିଆ ସମ୍ବାଦ ପାଠ୍ୟ ଓଡ଼ିଆ ସମ୍ବାଦ ପାଠ୍ୟ ଓଡ଼ିଆ ସମ୍ବାଦ ପାଠ୍ୟ ଓଡ଼ିଆ ସମ୍ବାଦ ପାଠ୍ୟ ଓଡ଼ିଆ ସମ୍ବାଦ ପାଠ୍ୟ ଓଡ଼ିଆ ସମ୍ବାଦ ପାଠ୍ୟ ଓଡ଼ିଆ ସମ୍ବାଦ ପାଠ୍ୟ ଓଡ଼ିଆ ସମ୍ବାଦ ପାଠ୍ୟ ଓଡ଼ିଆ ସମ୍ବାଦ ପାଠ୍ୟ ଓଡ଼ିଆ ସମ୍ବାଦ ପାଠ୍ୟ ଓଡ଼ିଆ ସମ୍ବାଦ ପାଠ୍ୟ ଓଡ଼ିଆ ସମ୍ବାଦ ପାଠ୍ୟ ଓଡ଼ିଆ ସମ୍ବାଦ ପାଠ୍ୟ ଓଡ଼ିଆ ସମ୍ବାଦ ପାଠ୍ୟ ଓଡ଼ିଆ ସମ୍ବାଦ ପାଠ୍ୟ ଓଡ଼ିଆ ସମ୍ବାଦ ପାଠ୍ୟ ଓଡ଼ିଆ ସମ୍ବାଦ ପାଠ୍ୟ ଓଡ଼ିଆ ସମ୍ବାଦ ପାଠ୍ୟ ଓଡ଼ିଆ ସମ୍ବାଦ ପାଠ୍ୟ ଓଡ଼ିଆ ସମ୍ବାଦ ପାଠ୍ୟ ଓଡ଼ିଆ ସମ୍ବାଦ ପାଠ୍ୟ ଓଡ଼ିଆ ସମ୍ବାଦ ପାଠ୍ୟ ଓଡ଼ିଆ ସମ୍ବାଦ ପାଠ୍ୟ ଓଡ଼ିଆ ସମ୍ବାଦ ପାଠ୍ୟ ଓଡ଼ିଆ ସମ୍ବାଦ ପାଠ୍ୟ ଓଡ଼ିଆ ସମ୍ବାଦ ପାଠ୍ୟ ଓଡ଼ିଆ ସମ୍ବାଦ ପାଠ୍ୟ ଓଡ଼ିଆ ସମ୍ବାଦ ପାଠ୍ୟ ଓଡ଼ିଆ ସମ୍ବାଦ ପାଠ୍ୟ ଓଡ଼ିଆ ସମ୍ବାଦ ପାଠ୍ୟ ଓଡ଼ିଆ ସମ୍ବାଦ ପାଠ୍ୟ ଓଡ଼ିଆ ସମ୍ବାଦ ପାଠ୍ୟ ଓଡ଼ିଆ ସମ୍ବାଦ ପାଠ୍ୟ ଓଡ଼ିଆ ସମ୍ବାଦ ପାଠ୍ୟ ଓଡ଼ିଆ ସମ୍ବାଦ ପାଠ୍ୟ ଓଡ଼ିଆ ସମ୍ବାଦ ପାଠ୍ୟ ଓଡ଼ିଆ ସମ୍ବାଦ ପାଠ୍ୟ ଓଡ଼ିଆ ସମ୍ବାଦ ପାଠ୍ୟ ଓଡ଼ିଆ ସମ୍ବାଦ ପାଠ୍ୟ ଓଡ଼ିଆ ସମ୍ବାଦ ପାଠ୍ୟ ଓଡ଼ିଆ ସମ୍ବାଦ ପାଠ୍ୟ ଓଡ଼ିଆ ସମ୍ବାଦ ପାଠ୍ୟ ଓଡ଼ିଆ ସମ୍ବାଦ ପାଠ୍ୟ ଓଡ଼ିଆ ସମ୍ବାଦ ପାଠ୍ୟ ଓଡ଼ିଆ ସମ୍ବାଦ ପାଠ୍ୟ
gandhim@nic.in
ଜୟ ହିନ୍ଦ୍
ଓଡ଼ିଆ ସମ୍ବାଦ ପାଠ୍ୟ ଓଡ଼ିଆ ସମ୍ବାଦ ପାଠ୍ୟ ଓଡ଼ିଆ ସମ୍ବାଦ ପାଠ୍ୟ ଓଡ଼ିଆ ସମ୍ବାଦ ପାଠ୍ୟ ଓଡ଼ିଆ ସମ୍ବାଦ ପାଠ୍ୟ ଓଡ଼ିଆ ସମ୍ବାଦ ପାଠ୍ୟ ଓଡ଼ିଆ ସମ୍ବାଦ ପାଠ୍ୟ ଓଡ଼ିଆ ସମ୍ବାଦ ପାଠ୍ୟ ଓଡ଼ିଆ ସମ୍ବାଦ ପାଠ୍ୟ ଓଡ଼ିଆ ସମ୍ବାଦ ପାଠ୍ୟ ଓଡ଼ିଆ ସମ୍ବାଦ ପାଠ୍ୟ ଓଡ଼ିଆ ସମ୍ବାଦ ପାଠ୍ୟ ଓଡ଼ିଆ ସମ୍ବାଦ ପାଠ୍ୟ ଓଡ଼ିଆ ସମ୍ବାଦ ପାଠ୍ୟ ଓଡ଼ିଆ ସମ୍ବାଦ ପାଠ୍ୟ ଓଡ଼ିଆ ସମ୍ବାଦ ପାଠ୍ୟ ଓଡ଼ିଆ ସମ୍ବାଦ ପାଠ୍ୟ ଓଡ଼ିଆ ସମ୍ବାଦ ପାଠ୍ୟ ଓଡ଼ିଆ ସମ୍ବାଦ ପାଠ୍ୟ ଓଡ଼ିଆ ସମ୍ବାଦ ପାଠ୍ୟ ଓଡ଼ିଆ ସମ୍ବାଦ ପାଠ୍ୟ ଓଡ଼ିଆ ସମ୍ବାଦ ପାଠ୍ୟ ଓଡ଼ିଆ ସମ୍ବାଦ ପାଠ୍ୟ ଓଡ଼ିଆ ସମ୍ବାଦ ପାଠ୍ୟ ଓଡ଼ିଆ ସମ୍ବାଦ ପାଠ୍ୟ ଓଡ଼ିଆ ସମ୍ବାଦ ପାଠ୍ୟ ଓଡ଼ିଆ ସମ୍ବାଦ ପାଠ୍ୟ ଓଡ଼ିଆ ସମ୍ବାଦ ପାଠ୍ୟ ଓଡ଼ିଆ ସମ୍ବାଦ ପାଠ୍ୟ ଓଡ଼ିଆ ସମ୍ବାଦ ପାଠ୍ୟ ଓଡ଼ିଆ ସମ୍ବାଦ ପାଠ୍ୟ ଓଡ଼ିଆ ସମ୍ବାଦ ପାଠ୍ୟ ଓଡ଼ିଆ ସମ୍ବାଦ ପାଠ୍ୟ ଓଡ଼ିଆ ସମ୍ବାଦ ପାଠ୍ୟ ଓଡ଼ିଆ ସମ୍ବାଦ ପାଠ୍ୟ ଓଡ଼ିଆ ସମ୍ବାଦ ପାଠ୍ୟ ଓଡ଼ିଆ ସମ୍ବାଦ ପାଠ୍ୟ ଓଡ଼ିଆ ସମ୍ବାଦ ପାଠ୍ୟ ଓଡ଼ିଆ ସମ୍ବାଦ ପାଠ୍ୟ ଓଡ଼ିଆ ସମ୍ବାଦ ପାଠ୍ୟ ଓଡ଼ିଆ ସମ୍ବାଦ ପାଠ୍ୟ ଓଡ଼ିଆ ସମ୍ବାଦ ପାଠ୍ୟ ଓଡ଼ିଆ ସମ୍ବାଦ ପାଠ୍ୟ ଓଡ଼ିଆ ସମ୍ବାଦ ପାଠ୍ୟ ଓଡ଼ିଆ ସମ୍ବାଦ ପାଠ୍ୟ ଓଡ଼ିଆ ସମ୍ବାଦ ପାଠ୍ୟ ଓଡ଼ିଆ ସମ୍ବାଦ ପାଠ୍ୟ ଓଡ଼ିଆ ସମ୍ବାଦ ପାଠ୍ୟ ଓଡ଼ିଆ ସମ୍ବାଦ ପାଠ୍ୟ ଓଡ଼ିଆ ସମ୍ବାଦ ପାଠ୍ୟ ଓଡ଼ିଆ ସମ୍ବାଦ ପାଠ୍ୟ ଓଡ଼ିଆ ସମ୍ବାଦ ପାଠ୍ୟ ଓଡ଼ିଆ ସମ୍ବାଦ ପାଠ୍ୟ ଓଡ଼ିଆ ସମ୍ବାଦ ପାଠ୍ୟ ଓଡ଼ିଆ ସମ୍ବାଦ ପାଠ୍ୟ ଓଡ଼ିଆ ସମ୍ବାଦ ପାଠ୍ୟ ଓଡ଼ିଆ ସମ୍ବାଦ ପାଠ୍ୟ ଓଡ଼ିଆ ସମ୍ବାଦ ପାଠ୍ୟ ଓଡ଼ିଆ ସମ୍ବାଦ ପାଠ୍ୟ ଓଡ଼ିଆ ସମ୍ବାଦ ପାଠ୍ୟ ଓଡ଼ିଆ ସମ୍ବାଦ ପାଠ୍ୟ ଓଡ଼ିଆ ସମ୍ବାଦ ପାଠ୍ୟ ଓଡ଼ିଆ ସମ୍ବାଦ ପାଠ୍ୟ ଓଡ଼ିଆ ସମ୍ବାଦ ପାଠ୍ୟ ଓଡ଼ିଆ ସମ୍ବାଦ ପାଠ୍ୟ ଓଡ଼ିଆ ସମ୍ବାଦ ପାଠ୍ୟ ଓଡ଼ିଆ ସମ୍ବାଦ ପାଠ୍ୟ ଓଡ଼ିଆ ସମ୍ବାଦ ପାଠ୍ୟ ଓଡ଼ିଆ ସମ୍ବାଦ ପାଠ୍ୟ ଓଡ଼ିଆ ସମ୍ବାଦ ପାଠ୍ୟ ଓଡ଼ିଆ ସମ୍ବାଦ ପାଠ୍ୟ ଓଡ଼ିଆ ସମ୍ବାଦ ପାଠ୍ୟ ଓଡ଼ିଆ ସମ୍ବାଦ ପାଠ୍ୟ ଓଡ଼ିଆ ସମ୍ବାଦ ପାଠ୍ୟ ଓଡ଼ିଆ ସମ୍ବାଦ ପାଠ୍ୟ ଓଡ଼ିଆ ସମ୍ବାଦ ପାଠ୍ୟ ଓଡ଼ିଆ ସମ୍ବାଦ ପାଠ୍ୟ ଓଡ଼ିଆ ସମ୍ବାଦ ପାଠ୍ୟ ଓଡ଼ିଆ ସମ୍ବାଦ ପାଠ୍ୟ
ଓଡ଼ିଆ ସମ୍ବାଦ ପାଠ୍ୟ ଓଡ଼ିଆ ସମ୍ବାଦ ପାଠ୍ୟ ଓଡ଼ିଆ ସମ୍ବାଦ ପାଠ୍ୟ ଓଡ଼ିଆ ସମ୍ବାଦ ପାଠ୍ୟ ଓଡ଼ିଆ ସମ୍ବାଦ ପାଠ୍ୟ ଓଡ଼ିଆ ସମ୍ବାଦ ପାଠ୍ୟ ଓଡ଼ିଆ ସମ୍ବାଦ ପାଠ୍ୟ ଓଡ଼ିଆ ସମ୍ବାଦ ପାଠ୍ୟ ଓଡ଼ିଆ ସମ୍ବାଦ ପାଠ୍ୟ ଓଡ଼ିଆ ସମ୍ବାଦ ପାଠ୍ୟ ଓଡ଼ିଆ ସମ୍ବାଦ ପାଠ୍ୟ ଓଡ଼ିଆ ସମ୍ବାଦ ପାଠ୍ୟ ଓଡ଼ିଆ ସମ୍ବାଦ ପାଠ୍ୟ ଓଡ଼ିଆ ସମ୍ବାଦ ପାଠ୍ୟ ଓଡ଼ିଆ ସମ୍ବାଦ ପାଠ୍ୟ ଓଡ଼ିଆ ସମ୍ବାଦ ପାଠ୍ୟ ଓଡ଼ିଆ ସମ୍ବାଦ ପାଠ୍ୟ ଓଡ଼ିଆ ସମ୍ବାଦ ପାଠ୍ୟ ଓଡ଼ିଆ ସମ୍ବାଦ ପାଠ୍ୟ ଓଡ଼ିଆ ସମ୍ବାଦ ପାଠ୍ୟ ଓଡ଼ିଆ ସମ୍ବାଦ ପାଠ୍ୟ ଓଡ଼ିଆ ସମ୍ବାଦ ପାଠ୍ୟ ଓଡ଼ିଆ ସମ୍ବାଦ ପାଠ୍ୟ ଓଡ଼ିଆ ସମ୍ବାଦ ପାଠ୍ୟ ଓଡ଼ିଆ ସମ୍ବାଦ ପାଠ୍ୟ ଓଡ଼ିଆ ସମ୍ବାଦ ପାଠ୍ୟ ଓଡ଼ିଆ ସମ୍ବାଦ ପାଠ୍ୟ ଓଡ଼ିଆ ସମ୍ବାଦ ପାଠ୍ୟ ଓଡ଼ିଆ ସମ୍ବାଦ ପାଠ୍ୟ ଓଡ଼ିଆ ସମ୍ବାଦ ପାଠ୍ୟ ଓଡ଼ିଆ ସମ୍ବାଦ ପାଠ୍ୟ ଓଡ଼ିଆ ସମ୍ବାଦ ପାଠ୍ୟ ଓଡ଼ିଆ ସମ୍ବାଦ ପାଠ୍ୟ ଓଡ଼ିଆ ସମ୍ବାଦ ପାଠ୍ୟ ଓଡ଼ିଆ ସମ୍ବାଦ ପାଠ୍ୟ ଓଡ଼ିଆ ସମ୍ବାଦ ପାଠ୍ୟ ଓଡ଼ିଆ ସମ୍ବାଦ ପାଠ୍ୟ ଓଡ଼ିଆ ସମ୍ବାଦ ପାଠ୍ୟ ଓଡ଼ିଆ ସମ୍ବାଦ ପାଠ୍ୟ ଓଡ଼ିଆ ସମ୍ବାଦ ପାଠ୍ୟ ଓଡ଼ିଆ ସମ୍ବାଦ ପାଠ୍ୟ ଓଡ଼ିଆ ସମ୍ବାଦ ପାଠ୍ୟ ଓଡ଼ିଆ ସମ୍ବାଦ ପାଠ୍ୟ ଓଡ଼ିଆ ସମ୍ବାଦ ପାଠ୍ୟ ଓଡ଼ିଆ ସମ୍ବାଦ ପାଠ୍ୟ ଓଡ଼ିଆ ସମ୍ବାଦ ପାଠ୍ୟ ଓଡ଼ିଆ ସମ୍ବାଦ ପାଠ୍ୟ ଓଡ଼ିଆ ସମ୍ବାଦ ପାଠ୍ୟ ଓଡ଼ିଆ ସମ୍ବାଦ ପାଠ୍ୟ ଓଡ଼ିଆ ସମ୍ବାଦ ପାଠ୍ୟ ଓଡ଼ିଆ ସମ୍ବାଦ ପାଠ୍ୟ ଓଡ଼ିଆ ସମ୍ବାଦ ପାଠ୍ୟ ଓଡ଼ିଆ ସମ୍ବାଦ ପାଠ୍ୟ ଓଡ଼ିଆ ସମ୍ବାଦ ପାଠ୍ୟ ଓଡ଼ିଆ ସମ୍ବାଦ ପାଠ୍ୟ ଓଡ଼ିଆ ସମ୍ବାଦ ପାଠ୍ୟ ଓଡ଼ିଆ ସମ୍ବାଦ ପାଠ୍ୟ ଓଡ଼ିଆ ସମ୍ବାଦ ପାଠ୍ୟ ଓଡ଼ିଆ ସମ୍ବାଦ ପାଠ୍ୟ ଓଡ଼ିଆ ସମ୍ବାଦ ପାଠ୍ୟ ଓଡ଼ିଆ ସମ୍ବାଦ ପାଠ୍ୟ ଓଡ଼ିଆ ସମ୍ବାଦ ପାଠ୍ୟ ଓଡ଼ିଆ ସମ୍ବାଦ ପାଠ୍ୟ ଓଡ଼ିଆ ସମ୍ବାଦ ପାଠ୍ୟ ଓଡ଼ିଆ ସମ୍ବାଦ ପାଠ୍ୟ ଓଡ଼ିଆ ସମ୍ବାଦ ପାଠ୍ୟ ଓଡ଼ିଆ ସମ୍ବାଦ ପାଠ୍ୟ ଓଡ଼ିଆ ସମ୍ବାଦ ପାଠ୍ୟ ଓଡ଼ିଆ ସମ୍ବାଦ ପାଠ୍ୟ ଓଡ଼ିଆ ସମ୍ବାଦ ପାଠ୍ୟ ଓଡ଼ିଆ ସମ୍ବାଦ ପାଠ୍ୟ ଓଡ଼ିଆ ସମ୍ବାଦ ପାଠ୍ୟ ଓଡ଼ିଆ ସମ୍ବାଦ ପାଠ୍ୟ ଓଡ଼ିଆ ସମ୍ବାଦ ପାଠ୍ୟ ଓଡ଼ିଆ ସମ୍ବାଦ ପାଠ୍ୟ ଓଡ଼ିଆ ସମ୍ବାଦ ପାଠ୍ୟ ଓଡ଼ିଆ ସମ୍ବାଦ ପାଠ୍ୟ ଓଡ଼ିଆ ସମ୍ବାଦ ପାଠ୍ୟ ଓଡ଼ିଆ ସମ୍ବାଦ ପାଠ୍ୟ
ପ୍ରତିବିମ୍ବର ପ୍ରତିଧ୍ୱନି
ଅଭୟ ତ୍ରିବେଦୀ
ସାମନ୍ତ ନଗର, ଭଦ୍ରକ, ମୋ: ୯୪୩୭୭୧୩୩୯୦
ଜନଗଣନାର ଗୁରୁତ୍ୱ
ପ୍ରଦୀପ୍ତ କୁମାର ଦାସ
ଓଡ଼ିଆ ସମ୍ବାଦ ପାଠ୍ୟ ଓଡ଼ିଆ ସମ୍ବାଦ ପାଠ୍ୟ ଓଡ଼ିଆ ସମ୍ବାଦ ପାଠ୍ୟ ଓଡ଼ିଆ ସମ୍ବାଦ ପାଠ୍ୟ ଓଡ଼ିଆ ସମ୍ବାଦ ପାଠ୍ୟ ଓଡ଼ିଆ ସମ୍ବାଦ ପାଠ୍ୟ ଓଡ଼ିଆ ସମ୍ବାଦ ପାଠ୍ୟ ଓଡ଼ିଆ ସମ୍ବାଦ ପାଠ୍ୟ ଓଡ଼ିଆ ସମ୍ବାଦ ପାଠ୍ୟ ଓଡ଼ିଆ ସମ୍ବାଦ ପାଠ୍ୟ ଓଡ଼ିଆ ସମ୍ବାଦ ପାଠ୍ୟ ଓଡ଼ିଆ ସମ୍ବାଦ ପାଠ୍ୟ ଓଡ଼ିଆ ସମ୍ବାଦ ପାଠ୍ୟ ଓଡ଼ିଆ ସମ୍ବାଦ ପାଠ୍ୟ ଓଡ଼ିଆ ସମ୍ବାଦ ପାଠ୍ୟ ଓଡ଼ିଆ ସମ୍ବାଦ ପାଠ୍ୟ ଓଡ଼ିଆ ସମ୍ବାଦ ପାଠ୍ୟ ଓଡ଼ିଆ ସମ୍ବାଦ ପାଠ୍ୟ ଓଡ଼ିଆ ସମ୍ବାଦ ପାଠ୍ୟ ଓଡ଼ିଆ ସମ୍ବାଦ ପାଠ୍ୟ ଓଡ଼ିଆ ସମ୍ବାଦ ପାଠ୍ୟ ଓଡ଼ିଆ ସମ୍ବାଦ ପାଠ୍ୟ ଓଡ଼ିଆ ସମ୍ବାଦ ପାଠ୍ୟ ଓଡ଼ିଆ ସମ୍ବାଦ ପାଠ୍ୟ ଓଡ଼ିଆ ସମ୍ବାଦ ପାଠ୍ୟ ଓଡ଼ିଆ ସମ୍ବାଦ ପାଠ୍ୟ ଓଡ଼ିଆ ସମ୍ବାଦ ପାଠ୍ୟ ଓଡ଼ିଆ ସମ୍ବାଦ ପାଠ୍ୟ ଓଡ଼ିଆ ସମ୍ବାଦ ପାଠ୍ୟ ଓଡ଼ିଆ ସମ୍ବାଦ ପାଠ୍ୟ ଓଡ଼ିଆ ସମ୍ବାଦ ପାଠ୍ୟ ଓଡ଼ିଆ ସମ୍ବାଦ ପାଠ୍ୟ ଓଡ଼ିଆ ସମ୍ବାଦ ପାଠ୍ୟ ଓଡ଼ିଆ ସମ୍ବାଦ ପାଠ୍ୟ ଓଡ଼ିଆ ସମ୍ବାଦ ପାଠ୍ୟ ଓଡ଼ିଆ ସମ୍ବାଦ ପାଠ୍ୟ ଓଡ଼ିଆ ସମ୍ବାଦ ପାଠ୍ୟ ଓଡ଼ିଆ ସମ୍ବାଦ ପାଠ୍ୟ ଓଡ଼ିଆ ସମ୍ବାଦ ପାଠ୍ୟ ଓଡ଼ିଆ ସମ୍ବାଦ ପାଠ୍ୟ ଓଡ଼ିଆ ସମ୍ବାଦ ପାଠ୍ୟ ଓଡ଼ିଆ ସମ୍ବାଦ ପାଠ୍ୟ ଓଡ଼ିଆ ସମ୍ବାଦ ପାଠ୍ୟ ଓଡ଼ିଆ ସମ୍ବାଦ ପାଠ୍ୟ ଓଡ଼ିଆ ସମ୍ବାଦ ପାଠ୍ୟ ଓଡ଼ିଆ ସମ୍ବାଦ ପାଠ୍ୟ ଓଡ଼ିଆ ସମ୍ବାଦ ପାଠ୍ୟ ଓଡ଼ିଆ ସମ୍ବାଦ ପାଠ୍ୟ ଓଡ଼ିଆ ସମ୍ବାଦ ପାଠ୍ୟ ଓଡ଼ିଆ ସମ୍ବାଦ ପାଠ୍ୟ ଓଡ଼ିଆ ସମ୍ବାଦ ପାଠ୍ୟ ଓଡ଼ିଆ ସମ୍ବାଦ ପାଠ୍ୟ ଓଡ଼ିଆ ସମ୍ବାଦ ପାଠ୍ୟ ଓଡ଼ିଆ ସମ୍ବାଦ ପାଠ୍ୟ ଓଡ଼ିଆ ସମ୍ବାଦ ପାଠ୍ୟ ଓଡ଼ିଆ ସମ୍ବାଦ ପାଠ୍ୟ ଓଡ଼ିଆ ସମ୍ବାଦ ପାଠ୍ୟ ଓଡ଼ିଆ ସମ୍ବାଦ ପାଠ୍ୟ ଓଡ଼ିଆ ସମ୍ବାଦ ପାଠ୍ୟ ଓଡ଼ିଆ ସମ୍ବାଦ ପାଠ୍ୟ ଓଡ଼ିଆ ସମ୍ବାଦ ପାଠ୍ୟ ଓଡ଼ିଆ ସମ୍ବାଦ ପାଠ୍ୟ ଓଡ଼ିଆ ସମ୍ବାଦ ପାଠ୍ୟ ଓଡ଼ିଆ ସମ୍ବାଦ ପାଠ୍ୟ ଓଡ଼ିଆ ସମ୍ବାଦ ପାଠ୍ୟ ଓଡ଼ିଆ ସମ୍ବାଦ ପାଠ୍ୟ ଓଡ଼ିଆ ସମ୍ବାଦ ପାଠ୍ୟ ଓଡ଼ିଆ ସମ୍ବାଦ ପାଠ୍ୟ ଓଡ଼ିଆ ସମ୍ବାଦ ପାଠ୍ୟ ଓଡ଼ିଆ ସମ୍ବାଦ ପାଠ୍ୟ ଓଡ଼ିଆ ସମ୍ବାଦ ପାଠ୍ୟ ଓଡ଼ିଆ ସମ୍ବାଦ ପାଠ୍ୟ ଓଡ଼ିଆ ସମ୍ବାଦ ପାଠ୍ୟ ଓଡ଼ିଆ ସମ୍ବାଦ ପାଠ୍ୟ ଓଡ଼ିଆ ସମ୍ବାଦ ପାଠ୍ୟ ଓଡ଼ିଆ ସମ୍ବାଦ ପାଠ୍ୟ ଓଡ଼ିଆ ସମ୍ବାଦ ପାଠ୍ୟ ଓଡ଼ିଆ ସମ୍ବାଦ ପାଠ୍ୟ ଓଡ଼ିଆ ସମ୍ବାଦ ପାଠ୍ୟ
ଜଗନ୍ନାଥ ବିହାର, ଭୁବନେଶ୍ୱର
୯୭୩୭୯୮୦୩୮୪
ପାଠକ ଶ୍ରେଷ୍ଠ ବିଚାରକ
ଭ୍ରଷ୍ଟାଚାରୀଙ୍କୁ ଦଣ୍ଡ
ମହାଶୟ,
ଓଡ଼ିଆ ସମ୍ବାଦ ପାଠ୍ୟ ଓଡ଼ିଆ ସମ୍ବାଦ ପାଠ୍ୟ ଓଡ଼ିଆ ସମ୍ବାଦ ପାଠ୍ୟ ଓଡ଼ିଆ ସମ୍ବାଦ ପାଠ୍ୟ ଓଡ଼ିଆ ସମ୍ବାଦ ପାଠ୍ୟ ଓଡ଼ିଆ ସମ୍ବାଦ ପାଠ୍ୟ ଓଡ଼ିଆ ସମ୍ବାଦ ପାଠ୍ୟ ଓଡ଼ିଆ ସମ୍ବାଦ ପାଠ୍ୟ ଓଡ଼ିଆ ସମ୍ବାଦ ପାଠ୍ୟ ଓଡ଼ିଆ ସମ୍ବାଦ ପାଠ୍ୟ ଓଡ଼ିଆ ସମ୍ବାଦ ପାଠ୍ୟ ଓଡ଼ିଆ ସମ୍ବାଦ ପାଠ୍ୟ ଓଡ଼ିଆ ସମ୍ବାଦ ପାଠ୍ୟ ଓଡ଼ିଆ ସମ୍ବାଦ ପାଠ୍ୟ ଓଡ଼ିଆ ସମ୍ବାଦ ପାଠ୍ୟ ଓଡ଼ିଆ ସମ୍ବାଦ ପାଠ୍ୟ ଓଡ଼ିଆ ସମ୍ବାଦ ପାଠ୍ୟ ଓଡ଼ିଆ ସମ୍ବାଦ ପାଠ୍ୟ ଓଡ଼ିଆ ସମ୍ବାଦ ପାଠ୍ୟ ଓଡ଼ିଆ ସମ୍ବାଦ ପାଠ୍ୟ ଓଡ଼ିଆ ସମ୍ବାଦ ପାଠ୍ୟ ଓଡ଼ିଆ ସମ୍ବାଦ ପାଠ୍ୟ ଓଡ଼ିଆ ସମ୍ବାଦ ପାଠ୍ୟ ଓଡ଼ିଆ ସମ୍ବାଦ ପାଠ୍ୟ ଓଡ଼ିଆ ସମ୍ବାଦ ପାଠ୍ୟ ଓଡ଼ିଆ ସମ୍ବାଦ ପାଠ୍ୟ ଓଡ଼ିଆ ସମ୍ବାଦ ପାଠ୍ୟ ଓଡ଼ିଆ ସମ୍ବାଦ ପାଠ୍ୟ ଓଡ଼ିଆ ସମ୍ବାଦ ପାଠ୍ୟ ଓଡ଼ିଆ ସମ୍ବାଦ ପାଠ୍ୟ ଓଡ଼ିଆ ସମ୍ବାଦ ପାଠ୍ୟ ଓଡ଼ିଆ ସମ୍ବାଦ ପାଠ୍ୟ ଓଡ଼ିଆ ସମ୍ବାଦ ପାଠ୍ୟ ଓଡ଼ିଆ ସମ୍ବାଦ ପାଠ୍ୟ ଓଡ଼ିଆ ସମ୍ବାଦ ପାଠ୍ୟ ଓଡ଼ିଆ ସମ୍ବାଦ ପାଠ୍ୟ ଓଡ଼ିଆ ସମ୍ବାଦ ପାଠ୍ୟ ଓଡ଼ିଆ ସମ୍ବାଦ ପାଠ୍ୟ ଓଡ଼ିଆ ସମ୍ବାଦ ପାଠ୍ୟ ଓଡ଼ିଆ ସମ୍ବାଦ ପାଠ୍ୟ ଓଡ଼ିଆ ସମ୍ବାଦ ପାଠ୍ୟ ଓଡ଼ିଆ ସମ୍ବାଦ ପାଠ୍ୟ ଓଡ଼ିଆ ସମ୍ବାଦ ପାଠ୍ୟ ଓଡ଼ିଆ ସମ୍ବାଦ ପାଠ୍ୟ ଓଡ଼ିଆ ସମ୍ବାଦ ପାଠ୍ୟ ଓଡ଼ିଆ ସମ୍ବାଦ ପାଠ୍ୟ ଓଡ଼ିଆ ସମ୍ବାଦ ପାଠ୍ୟ ଓଡ଼ିଆ ସମ୍ବାଦ ପାଠ୍ୟ ଓଡ଼ିଆ ସମ୍ବାଦ ପାଠ୍ୟ ଓଡ଼ିଆ ସମ୍ବାଦ ପାଠ୍ୟ ଓଡ଼ିଆ ସମ୍ବାଦ ପାଠ୍ୟ ଓଡ଼ିଆ ସମ୍ବାଦ ପାଠ୍ୟ ଓଡ଼ିଆ ସମ୍ବାଦ ପାଠ୍ୟ ଓଡ଼ିଆ ସମ୍ବାଦ ପାଠ୍ୟ ଓଡ଼ିଆ ସମ୍ବାଦ ପାଠ୍ୟ ଓଡ଼ିଆ ସମ୍ବାଦ ପାଠ୍ୟ ଓଡ଼ିଆ ସମ୍ବାଦ ପାଠ୍ୟ ଓଡ଼ିଆ ସମ୍ବାଦ ପାଠ୍ୟ ଓଡ଼ିଆ ସମ୍ବାଦ ପାଠ୍ୟ ଓଡ଼ିଆ ସମ୍ବାଦ ପାଠ୍ୟ ଓଡ଼ିଆ ସମ୍ବାଦ ପାଠ୍ୟ ଓଡ଼ିଆ ସମ୍ବାଦ ପାଠ୍ୟ ଓଡ଼ିଆ ସମ୍ବାଦ ପାଠ୍ୟ ଓଡ଼ିଆ ସମ୍ବାଦ ପାଠ୍ୟ ଓଡ଼ିଆ ସମ୍ବାଦ ପାଠ୍ୟ ଓଡ଼ିଆ ସମ୍ବାଦ ପାଠ୍ୟ ଓଡ଼ିଆ ସମ୍ବାଦ ପାଠ୍ୟ ଓଡ଼ିଆ ସମ୍ବାଦ ପାଠ୍ୟ ଓଡ଼ିଆ ସମ୍ବାଦ ପାଠ୍ୟ ଓଡ଼ିଆ ସମ୍ବାଦ ପାଠ୍ୟ ଓଡ଼ିଆ ସମ୍ବାଦ ପାଠ୍ୟ ଓଡ଼ିଆ ସମ୍ବାଦ ପାଠ୍ୟ ଓଡ଼ିଆ ସମ୍ବାଦ ପାଠ୍ୟ ଓଡ଼ିଆ ସମ୍ବାଦ ପାଠ୍ୟ ଓଡ଼ିଆ ସମ୍ବାଦ ପାଠ୍ୟ ଓଡ଼ିଆ ସମ୍ବାଦ ପାଠ୍ୟ ଓଡ଼ିଆ ସମ୍ବାଦ ପାଠ୍ୟ ଓଡ଼ିଆ ସମ୍ବାଦ ପାଠ୍ୟ ଓଡ଼ିଆ ସମ୍ବାଦ ପାଠ୍ୟ
ସୁରେନ୍ଦ୍ର ନାୟକ, ଓକିଲ, କଟକ
ଖାଦ୍ୟ ମିଳିବନି
ଓଡ଼ିଆ ସମ୍ବାଦ ପାଠ୍ୟ ଓଡ଼ିଆ ସମ୍ବାଦ ପାଠ୍ୟ ଓଡ଼ିଆ ସମ୍ବାଦ ପାଠ୍ୟ ଓଡ଼ିଆ ସମ୍ବାଦ ପାଠ୍ୟ ଓଡ଼ିଆ ସମ୍ବାଦ ପାଠ୍ୟ ଓଡ଼ିଆ ସମ୍ବାଦ ପାଠ୍ୟ ଓଡ଼ିଆ ସମ୍ବାଦ ପାଠ୍ୟ ଓଡ଼ିଆ ସମ୍ବାଦ ପାଠ୍ୟ ଓଡ଼ିଆ ସମ୍ବାଦ ପାଠ୍ୟ ଓଡ଼ିଆ ସମ୍ବାଦ ପାଠ୍ୟ ଓଡ଼ିଆ ସମ୍ବାଦ ପାଠ୍ୟ ଓଡ଼ିଆ ସମ୍ବାଦ ପାଠ୍ୟ ଓଡ଼ିଆ ସମ୍ବାଦ ପାଠ୍ୟ ଓଡ଼ିଆ ସମ୍ବାଦ ପାଠ୍ୟ ଓଡ଼ିଆ ସମ୍ବାଦ ପାଠ୍ୟ ଓଡ଼ିଆ ସମ୍ବାଦ ପାଠ୍ୟ ଓଡ଼ିଆ ସମ୍ବାଦ ପାଠ୍ୟ ଓଡ଼ିଆ ସମ୍ବାଦ ପାଠ୍ୟ ଓଡ଼ିଆ ସମ୍ବାଦ ପାଠ୍ୟ ଓଡ଼ିଆ ସମ୍ବାଦ ପାଠ୍ୟ ଓଡ଼ିଆ ସମ୍ବାଦ ପାଠ୍ୟ ଓଡ଼ିଆ ସମ୍ବାଦ ପାଠ୍ୟ ଓଡ଼ିଆ ସମ୍ବାଦ ପାଠ୍ୟ ଓଡ଼ିଆ ସମ୍ବାଦ ପାଠ୍ୟ ଓଡ଼ିଆ ସମ୍ବାଦ ପାଠ୍ୟ ଓଡ଼ିଆ ସମ୍ବାଦ ପାଠ୍ୟ ଓଡ଼ିଆ ସମ୍ବାଦ ପାଠ୍ୟ ଓଡ଼ିଆ ସମ୍ବାଦ ପାଠ୍ୟ ଓଡ଼ିଆ ସମ୍ବାଦ ପାଠ୍ୟ ଓଡ଼ିଆ ସମ୍ବାଦ ପାଠ୍ୟ ଓଡ଼ିଆ ସମ୍ବାଦ ପାଠ୍ୟ ଓଡ଼ିଆ ସମ୍ବାଦ ପାଠ୍ୟ ଓଡ଼ିଆ ସମ୍ବାଦ ପାଠ୍ୟ ଓଡ଼ିଆ ସମ୍ବାଦ ପାଠ୍ୟ ଓଡ଼ିଆ ସମ୍ବାଦ ପାଠ୍ୟ ଓଡ଼ିଆ ସମ୍ବାଦ ପାଠ୍ୟ ଓଡ଼ିଆ ସମ୍ବାଦ ପାଠ୍ୟ ଓଡ଼ିଆ ସମ୍ବାଦ ପାଠ୍ୟ ଓଡ଼ିଆ ସମ୍ବାଦ ପାଠ୍ୟ ଓଡ଼ିଆ ସମ୍ବାଦ ପାଠ୍ୟ ଓଡ଼ିଆ ସମ୍ବାଦ ପାଠ୍ୟ ଓଡ଼ିଆ ସମ୍ବାଦ ପାଠ୍ୟ ଓଡ଼ିଆ ସମ୍ବାଦ ପାଠ୍ୟ ଓଡ଼ିଆ ସମ୍ବାଦ ପାଠ୍ୟ ଓଡ଼ିଆ ସମ୍ବାଦ ପାଠ୍ୟ ଓଡ଼ିଆ ସମ୍ବାଦ ପାଠ୍ୟ ଓଡ଼ିଆ ସମ୍ବାଦ ପାଠ୍ୟ ଓଡ଼ିଆ ସମ୍ବାଦ ପାଠ୍ୟ ଓଡ଼ିଆ ସମ୍ବାଦ ପାଠ୍ୟ ଓଡ଼ିଆ ସମ୍ବାଦ ପାଠ୍ୟ ଓଡ଼ିଆ ସମ୍ବାଦ ପାଠ୍ୟ ଓଡ଼ିଆ ସମ୍ବାଦ ପାଠ୍ୟ ଓଡ଼ିଆ ସମ୍ବାଦ ପାଠ୍ୟ ଓଡ଼ିଆ ସମ୍ବାଦ ପାଠ୍ୟ ଓଡ଼ିଆ ସମ୍ବାଦ ପାଠ୍ୟ ଓଡ଼ିଆ ସମ୍ବାଦ ପାଠ୍ୟ ଓଡ଼ିଆ ସମ୍ବାଦ ପାଠ୍ୟ ଓଡ଼ିଆ ସମ୍ବାଦ ପାଠ୍ୟ ଓଡ଼ିଆ ସମ୍ବାଦ ପାଠ୍ୟ ଓଡ଼ିଆ ସମ୍ବାଦ ପାଠ୍ୟ ଓଡ଼ିଆ ସମ୍ବାଦ ପାଠ୍ୟ ଓଡ଼ିଆ ସମ୍ବାଦ ପାଠ୍ୟ ଓଡ଼ିଆ ସମ୍ବାଦ ପାଠ୍ୟ ଓଡ଼ିଆ ସମ୍ବାଦ ପାଠ୍ୟ ଓଡ଼ିଆ ସମ୍ବାଦ ପାଠ୍ୟ ଓଡ଼ିଆ ସମ୍ବାଦ ପାଠ୍ୟ ଓଡ଼ିଆ ସମ୍ବାଦ ପାଠ୍ୟ ଓଡ଼ିଆ ସମ୍ବାଦ ପାଠ୍ୟ ଓଡ଼ିଆ ସମ୍ବାଦ ପାଠ୍ୟ ଓଡ଼ିଆ ସମ୍ବାଦ ପାଠ୍ୟ ଓଡ଼ିଆ ସମ୍ବାଦ ପାଠ୍ୟ ଓଡ଼ିଆ ସମ୍ବାଦ ପାଠ୍ୟ ଓଡ଼ିଆ ସମ୍ବାଦ ପାଠ୍ୟ ଓଡ଼ିଆ ସମ୍ବାଦ ପାଠ୍ୟ ଓଡ଼ିଆ ସମ୍ବାଦ ପାଠ୍ୟ ଓଡ଼ିଆ ସମ୍ବାଦ ପାଠ୍ୟ ଓଡ଼ିଆ ସମ୍ବାଦ ପାଠ୍ୟ ଓଡ଼ିଆ ସମ୍ବାଦ ପାଠ୍ୟ ଓଡ଼ିଆ ସମ୍ବାଦ ପାଠ୍ୟ
ଲିଙ୍ଗରାଜ ମେହେର, ବରଗଡ଼
ଓଡ଼ିଆ ସମ୍ବାଦ ପାଠ୍ୟ ଓଡ଼ିଆ ସମ୍ବାଦ ପାଠ୍ୟ ଓଡ଼ିଆ ସମ୍ବାଦ ପାଠ୍ୟ ଓଡ଼ିଆ ସମ୍ବାଦ ପାଠ୍ୟ ଓଡ଼ିଆ ସମ୍ବାଦ ପାଠ୍ୟ ଓଡ଼ିଆ ସମ୍ବାଦ ପାଠ୍ୟ ଓଡ଼ିଆ ସମ୍ବାଦ ପାଠ୍ୟ ଓଡ଼ିଆ ସମ୍ବାଦ ପାଠ୍ୟ ଓଡ଼ିଆ ସମ୍ବାଦ ପାଠ୍ୟ ଓଡ଼ିଆ ସମ୍ବାଦ ପାଠ୍ୟ ଓଡ଼ିଆ ସମ୍ବାଦ ପାଠ୍ୟ ଓଡ଼ିଆ ସମ୍ବାଦ ପାଠ୍ୟ ଓଡ଼ିଆ ସମ୍ବାଦ ପାଠ୍ୟ ଓଡ଼ିଆ ସମ୍ବାଦ ପାଠ୍ୟ ଓଡ଼ିଆ ସମ୍ବାଦ ପାଠ୍ୟ ଓଡ଼ିଆ ସମ୍ବାଦ ପାଠ୍ୟ ଓଡ଼ିଆ ସମ୍ବାଦ ପାଠ୍ୟ ଓଡ଼ିଆ ସମ୍ବାଦ ପାଠ୍ୟ ଓଡ଼ିଆ ସମ୍ବାଦ ପାଠ୍ୟ ଓଡ଼ିଆ ସମ୍ବାଦ ପାଠ୍ୟ ଓଡ଼ିଆ ସମ୍ବାଦ ପାଠ୍ୟ ଓଡ଼ିଆ ସମ୍ବାଦ ପାଠ୍ୟ ଓଡ଼ିଆ ସମ୍ବାଦ ପାଠ୍ୟ ଓଡ଼ିଆ ସମ୍ବାଦ ପାଠ୍ୟ ଓଡ଼ିଆ ସମ୍ବାଦ ପାଠ୍ୟ ଓଡ଼ିଆ ସମ୍ବାଦ ପାଠ୍ୟ ଓଡ଼ିଆ ସମ୍ବାଦ ପାଠ୍ୟ ଓଡ଼ିଆ ସମ୍ବାଦ ପାଠ୍ୟ ଓଡ଼ିଆ ସମ୍ବାଦ ପାଠ୍ୟ ଓଡ଼ିଆ ସମ୍ବାଦ ପାଠ୍ୟ ଓଡ଼ିଆ ସମ୍ବାଦ ପାଠ୍ୟ ଓଡ଼ିଆ ସମ୍ବାଦ ପାଠ୍ୟ ଓଡ଼ିଆ ସମ୍ବାଦ ପାଠ୍ୟ ଓଡ଼ିଆ ସମ୍ବାଦ ପାଠ୍ୟ ଓଡ଼ିଆ ସମ୍ବାଦ ପାଠ୍ୟ ଓଡ଼ିଆ ସମ୍ବାଦ ପାଠ୍ୟ ଓଡ଼ିଆ ସମ୍ବାଦ ପାଠ୍ୟ ଓଡ଼ିଆ ସମ୍ବାଦ ପାଠ୍ୟ ଓଡ଼ିଆ ସମ୍ବାଦ ପାଠ୍ୟ ଓଡ଼ିଆ ସମ୍ବାଦ ପାଠ୍ୟ ଓଡ଼ିଆ ସମ୍ବାଦ ପାଠ୍ୟ ଓଡ଼ିଆ ସମ୍ବାଦ ପାଠ୍ୟ ଓଡ଼ିଆ ସମ୍ବାଦ ପାଠ୍ୟ ଓଡ଼ିଆ ସମ୍ବାଦ ପାଠ୍ୟ ଓଡ଼ିଆ ସମ୍ବାଦ ପାଠ୍ୟ ଓଡ଼ିଆ ସମ୍ବାଦ ପାଠ୍ୟ ଓଡ଼ିଆ ସମ୍ବାଦ ପାଠ୍ୟ ଓଡ଼ିଆ ସମ୍ବାଦ ପାଠ୍ୟ ଓଡ଼ିଆ ସମ୍ବାଦ ପାଠ୍ୟ ଓଡ଼ିଆ ସମ୍ବାଦ ପାଠ୍ୟ ଓଡ଼ିଆ ସମ୍ବାଦ ପାଠ୍ୟ ଓଡ଼ିଆ ସମ୍ବାଦ ପାଠ୍ୟ ଓଡ଼ିଆ ସମ୍ବାଦ ପାଠ୍ୟ ଓଡ଼ିଆ ସମ୍ବାଦ ପାଠ୍ୟ ଓଡ଼ିଆ ସମ୍ବାଦ ପାଠ୍ୟ ଓଡ଼ିଆ ସମ୍ବାଦ ପାଠ୍ୟ ଓଡ଼ିଆ ସମ୍ବାଦ ପାଠ୍ୟ ଓଡ଼ିଆ ସମ୍ବାଦ ପାଠ୍ୟ ଓଡ଼ିଆ ସମ୍ବାଦ ପାଠ୍ୟ ଓଡ଼ିଆ ସମ୍ବାଦ ପାଠ୍ୟ ଓଡ଼ିଆ ସମ୍ବାଦ ପାଠ୍ୟ ଓଡ଼ିଆ ସମ୍ବାଦ ପାଠ୍ୟ ଓଡ଼ିଆ ସମ୍ବାଦ ପାଠ୍ୟ ଓଡ଼ିଆ ସମ୍ବାଦ ପାଠ୍ୟ ଓଡ଼ିଆ ସମ୍ବାଦ ପାଠ୍ୟ ଓଡ଼ିଆ ସମ୍ବାଦ ପାଠ୍ୟ ଓଡ଼ିଆ ସମ୍ବାଦ ପାଠ୍ୟ ଓଡ଼ିଆ ସମ୍ବାଦ ପାଠ୍ୟ ଓଡ଼ିଆ ସମ୍ବାଦ ପାଠ୍ୟ ଓଡ଼ିଆ ସମ୍ବାଦ ପାଠ୍ୟ ଓଡ଼ିଆ ସମ୍ବାଦ ପାଠ୍ୟ ଓଡ଼ିଆ ସମ୍ବାଦ ପାଠ୍ୟ ଓଡ଼ିଆ ସମ୍ବାଦ ପାଠ୍ୟ ଓଡ଼ିଆ ସମ୍ବାଦ ପାଠ୍ୟ ଓଡ଼ିଆ ସମ୍ବାଦ ପାଠ୍ୟ ଓଡ଼ିଆ ସମ୍ବାଦ ପାଠ୍ୟ ଓଡ଼ିଆ ସମ୍ବାଦ ପାଠ୍ୟ ଓଡ଼ିଆ ସମ୍ବାଦ ପାଠ୍ୟ ଓଡ଼ିଆ ସମ୍ବାଦ ପାଠ୍ୟ
ବିଦ୍ୟାଳୟର ଛୁଟିତାଲିକା
ଓଡ଼ିଆ ସମ୍ବାଦ ପାଠ୍ୟ ଓଡ଼ିଆ ସମ୍ବାଦ ପାଠ୍ୟ ଓଡ଼ିଆ ସମ୍ବାଦ ପାଠ୍ୟ ଓଡ଼ିଆ ସମ୍ବାଦ ପାଠ୍ୟ ଓଡ଼ିଆ ସମ୍ବାଦ ପାଠ୍ୟ ଓଡ଼ିଆ ସମ୍ବାଦ ପାଠ୍ୟ ଓଡ଼ିଆ ସମ୍ବାଦ ପାଠ୍ୟ ଓଡ଼ିଆ ସମ୍ବାଦ ପାଠ୍ୟ ଓଡ଼ିଆ ସମ୍ବାଦ ପାଠ୍ୟ ଓଡ଼ିଆ ସମ୍ବାଦ ପାଠ୍ୟ ଓଡ଼ିଆ ସମ୍ବାଦ ପାଠ୍ୟ ଓଡ଼ିଆ ସମ୍ବାଦ ପାଠ୍ୟ ଓଡ଼ିଆ ସମ୍ବାଦ ପାଠ୍ୟ ଓଡ଼ିଆ ସମ୍ବାଦ ପାଠ୍ୟ ଓଡ଼ିଆ ସମ୍ବାଦ ପାଠ୍ୟ ଓଡ଼ିଆ ସମ୍ବାଦ ପାଠ୍ୟ ଓଡ଼ିଆ ସମ୍ବାଦ ପାଠ୍ୟ ଓଡ଼ିଆ ସମ୍ବାଦ ପାଠ୍ୟ ଓଡ଼ିଆ ସମ୍ବାଦ ପାଠ୍ୟ ଓଡ଼ିଆ ସମ୍ବାଦ ପାଠ୍ୟ ଓଡ଼ିଆ ସମ୍ବାଦ ପାଠ୍ୟ ଓଡ଼ିଆ ସମ୍ବାଦ ପାଠ୍ୟ ଓଡ଼ିଆ ସମ୍ବାଦ ପାଠ୍ୟ ଓଡ଼ିଆ ସମ୍ବାଦ ପାଠ୍ୟ ଓଡ଼ିଆ ସମ୍ବାଦ ପାଠ୍ୟ ଓଡ଼ିଆ ସମ୍ବାଦ ପାଠ୍ୟ ଓଡ଼ିଆ ସମ୍ବାଦ ପାଠ୍ୟ ଓଡ଼ିଆ ସମ୍ବାଦ ପାଠ୍ୟ ଓଡ଼ିଆ ସମ୍ବାଦ ପାଠ୍ୟ ଓଡ଼ିଆ ସମ୍ବାଦ ପାଠ୍ୟ ଓଡ଼ିଆ ସମ୍ବାଦ ପାଠ୍ୟ ଓଡ଼ିଆ ସମ୍ବାଦ ପାଠ୍ୟ ଓଡ଼ିଆ ସମ୍ବାଦ ପାଠ୍ୟ ଓଡ଼ିଆ ସମ୍ବାଦ ପାଠ୍ୟ ଓଡ଼ିଆ ସମ୍ବାଦ ପାଠ୍ୟ ଓଡ଼ିଆ ସମ୍ବାଦ ପାଠ୍ୟ ଓଡ଼ିଆ ସମ୍ବାଦ ପାଠ୍ୟ ଓଡ଼ିଆ ସମ୍ବାଦ ପାଠ୍ୟ ଓଡ଼ିଆ ସମ୍ବାଦ ପାଠ୍ୟ ଓଡ଼ିଆ ସମ୍ବାଦ ପାଠ୍ୟ ଓଡ଼ିଆ ସମ୍ବାଦ ପାଠ୍ୟ ଓଡ଼ିଆ ସମ୍ବାଦ ପାଠ୍ୟ ଓଡ଼ିଆ ସମ୍ବାଦ ପାଠ୍ୟ ଓଡ଼ିଆ ସମ୍ବାଦ ପାଠ୍ୟ ଓଡ଼ିଆ ସମ୍ବାଦ ପାଠ୍ୟ ଓଡ଼ିଆ ସମ୍ବାଦ ପାଠ୍ୟ ଓଡ଼ିଆ ସମ୍ବାଦ ପାଠ୍ୟ ଓଡ଼ିଆ ସମ୍ବାଦ ପାଠ୍ୟ ଓଡ଼ିଆ ସମ୍ବାଦ ପାଠ୍ୟ ଓଡ଼ିଆ ସମ୍ବାଦ ପାଠ୍ୟ ଓଡ଼ିଆ ସମ୍ବାଦ ପାଠ୍ୟ ଓଡ଼ିଆ ସମ୍ବାଦ ପାଠ୍ୟ ଓଡ଼ିଆ ସମ୍ବାଦ ପାଠ୍ୟ ଓଡ଼ିଆ ସମ୍ବାଦ ପାଠ୍ୟ ଓଡ଼ିଆ ସମ୍ବାଦ ପାଠ୍ୟ ଓଡ଼ିଆ ସମ୍ବାଦ ପାଠ୍ୟ ଓଡ଼ିଆ ସମ୍ବାଦ ପାଠ୍ୟ ଓଡ଼ିଆ ସମ୍ବାଦ ପାଠ୍ୟ ଓଡ଼ିଆ ସମ୍ବାଦ ପାଠ୍ୟ ଓଡ଼ିଆ ସମ୍ବାଦ ପାଠ୍ୟ ଓଡ଼ିଆ ସମ୍ବାଦ ପାଠ୍ୟ ଓଡ଼ିଆ ସମ୍ବାଦ ପାଠ୍ୟ ଓଡ଼ିଆ ସମ୍ବାଦ ପାଠ୍ୟ ଓଡ଼ିଆ ସମ୍ବାଦ ପାଠ୍ୟ ଓଡ଼ିଆ ସମ୍ବାଦ ପାଠ୍ୟ ଓଡ଼ିଆ ସମ୍ବାଦ ପାଠ୍ୟ ଓଡ଼ିଆ ସମ୍ବାଦ ପାଠ୍ୟ ଓଡ଼ିଆ ସମ୍ବାଦ ପାଠ୍ୟ ଓଡ଼ିଆ ସମ୍ବାଦ ପାଠ୍ୟ ଓଡ଼ିଆ ସମ୍ବାଦ ପାଠ୍ୟ ଓଡ଼ିଆ ସମ୍ବାଦ ପାଠ୍ୟ ଓଡ଼ିଆ ସମ୍ବାଦ ପାଠ୍ୟ ଓଡ଼ିଆ ସମ୍ବାଦ ପାଠ୍ୟ ଓଡ଼ିଆ ସମ୍ବାଦ ପାଠ୍ୟ ଓଡ଼ିଆ ସମ୍ବାଦ ପାଠ୍ୟ ଓଡ଼ିଆ ସମ୍ବାଦ ପାଠ୍ୟ ଓଡ଼ିଆ ସମ୍ବାଦ ପାଠ୍ୟ ଓଡ଼ିଆ ସମ୍ବାଦ ପାଠ୍ୟ ଓଡ଼ିଆ ସମ୍ବାଦ ପାଠ୍ୟ
କୋଟିଚନ୍ଦନ ବେହେରା, ନିମାପଡ଼ା, ପୁରୀ
ନ୍ୟାୟିକ ଅଧିକାର ବିଲ୍
ଓଡ଼ିଆ ସମ୍ବାଦ ପାଠ୍ୟ ଓଡ଼ିଆ ସମ୍ବାଦ ପାଠ୍ୟ ଓଡ଼ିଆ ସମ୍ବାଦ ପାଠ୍ୟ ଓଡ଼ିଆ ସମ୍ବାଦ ପାଠ୍ୟ ଓଡ଼ିଆ ସମ୍ବାଦ ପାଠ୍ୟ ଓଡ଼ିଆ ସମ୍ବାଦ ପାଠ୍ୟ ଓଡ଼ିଆ ସମ୍ବାଦ ପାଠ୍ୟ ଓଡ଼ିଆ ସମ୍ବାଦ ପାଠ୍ୟ ଓଡ଼ିଆ ସମ୍ବାଦ ପାଠ୍ୟ ଓଡ଼ିଆ ସମ୍ବାଦ ପାଠ୍ୟ ଓଡ଼ିଆ ସମ୍ବାଦ ପାଠ୍ୟ ଓଡ଼ିଆ ସମ୍ବାଦ ପାଠ୍ୟ ଓଡ଼ିଆ ସମ୍ବାଦ ପାଠ୍ୟ ଓଡ଼ିଆ ସମ୍ବାଦ ପାଠ୍ୟ ଓଡ଼ିଆ ସମ୍ବାଦ ପାଠ୍ୟ ଓଡ଼ିଆ ସମ୍ବାଦ ପାଠ୍ୟ ଓଡ଼ିଆ ସମ୍ବାଦ ପାଠ୍ୟ ଓଡ଼ିଆ ସମ୍ବାଦ ପାଠ୍ୟ ଓଡ଼ିଆ ସମ୍ବାଦ ପାଠ୍ୟ ଓଡ଼ିଆ ସମ୍ବାଦ ପାଠ୍ୟ ଓଡ଼ିଆ ସମ୍ବାଦ ପାଠ୍ୟ ଓଡ଼ିଆ ସମ୍ବାଦ ପାଠ୍ୟ ଓଡ଼ିଆ ସମ୍ବାଦ ପାଠ୍ୟ ଓଡ଼ିଆ ସମ୍ବାଦ ପାଠ୍ୟ ଓଡ଼ିଆ ସମ୍ବାଦ ପାଠ୍ୟ ଓଡ଼ିଆ ସମ୍ବାଦ ପାଠ୍ୟ ଓଡ଼ିଆ ସମ୍ବାଦ ପାଠ୍ୟ ଓଡ଼ିଆ ସମ୍ବାଦ ପାଠ୍ୟ ଓଡ଼ିଆ ସମ୍ବାଦ ପାଠ୍ୟ ଓଡ଼ିଆ ସମ୍ବାଦ ପାଠ୍ୟ ଓଡ଼ିଆ ସମ୍ବାଦ ପାଠ୍ୟ ଓଡ଼ିଆ ସମ୍ବାଦ ପାଠ୍ୟ ଓଡ଼ିଆ ସମ୍ବାଦ ପାଠ୍ୟ ଓଡ଼ିଆ ସମ୍ବାଦ ପାଠ୍ୟ ଓଡ଼ିଆ ସମ୍ବାଦ ପାଠ୍ୟ ଓଡ଼ିଆ ସମ୍ବାଦ ପାଠ୍ୟ ଓଡ଼ିଆ ସମ୍ବାଦ ପାଠ୍ୟ ଓଡ଼ିଆ ସମ୍ବାଦ ପାଠ୍ୟ ଓଡ଼ିଆ ସମ୍ବାଦ ପାଠ୍ୟ ଓଡ଼ିଆ ସମ୍ବାଦ ପାଠ୍ୟ ଓଡ଼ିଆ ସମ୍ବାଦ ପାଠ୍ୟ ଓଡ଼ିଆ ସମ୍ବାଦ ପାଠ୍ୟ ଓଡ଼ିଆ ସମ୍ବାଦ ପାଠ୍ୟ ଓଡ଼ିଆ ସମ୍ବାଦ ପାଠ୍ୟ ଓଡ଼ିଆ ସମ୍ବାଦ ପାଠ୍ୟ ଓଡ଼ିଆ ସମ୍ବାଦ ପାଠ୍ୟ ଓଡ଼ିଆ ସମ୍ବାଦ ପାଠ୍ୟ ଓଡ଼ିଆ ସମ୍ବାଦ ପାଠ୍ୟ ଓଡ଼ିଆ ସମ୍ବାଦ ପାଠ୍ୟ ଓଡ଼ିଆ ସମ୍ବାଦ ପାଠ୍ୟ ଓଡ଼ିଆ ସମ୍ବାଦ ପାଠ୍ୟ ଓଡ଼ିଆ ସମ୍ବାଦ ପାଠ୍ୟ ଓଡ଼ିଆ ସମ୍ବାଦ ପାଠ୍ୟ ଓଡ଼ିଆ ସମ୍ବାଦ ପାଠ୍ୟ ଓଡ଼ିଆ ସମ୍ବାଦ ପାଠ୍ୟ ଓଡ଼ିଆ ସମ୍ବାଦ ପାଠ୍ୟ ଓଡ଼ିଆ ସମ୍ବାଦ ପାଠ୍ୟ ଓଡ଼ିଆ ସମ୍ବାଦ ପାଠ୍ୟ ଓଡ଼ିଆ ସମ୍ବାଦ ପାଠ୍ୟ ଓଡ଼ିଆ ସମ୍ବାଦ ପାଠ୍ୟ ଓଡ଼ିଆ ସମ୍ବାଦ ପାଠ୍ୟ ଓଡ଼ିଆ ସମ୍ବାଦ ପାଠ୍ୟ ଓଡ଼ିଆ ସମ୍ବାଦ ପାଠ୍ୟ ଓଡ଼ିଆ ସମ୍ବାଦ ପାଠ୍ୟ ଓଡ଼ିଆ ସମ୍ବାଦ ପାଠ୍ୟ ଓଡ଼ିଆ ସମ୍ବାଦ ପାଠ୍ୟ ଓଡ଼ିଆ ସମ୍ବାଦ ପାଠ୍ୟ ଓଡ଼ିଆ ସମ୍ବାଦ ପାଠ୍ୟ ଓଡ଼ିଆ ସମ୍ବାଦ ପାଠ୍ୟ ଓଡ଼ିଆ ସମ୍ବାଦ ପାଠ୍ୟ ଓଡ଼ିଆ ସମ୍ବାଦ ପାଠ୍ୟ ଓଡ଼ିଆ ସମ୍ବାଦ ପାଠ୍ୟ ଓଡ଼ିଆ ସମ୍ବାଦ ପାଠ୍ୟ ଓଡ଼ିଆ ସମ୍ବାଦ ପାଠ୍ୟ ଓଡ଼ିଆ ସମ୍ବାଦ ପାଠ୍ୟ ଓଡ଼ିଆ ସମ୍ବାଦ ପାଠ୍ୟ ଓଡ଼ିଆ ସମ୍ବାଦ ପାଠ୍ୟ ଓଡ଼ିଆ ସମ୍ବାଦ ପାଠ୍ୟ ଓଡ଼ିଆ ସମ୍ବାଦ ପାଠ୍ୟ
ସଦାନନ୍ଦ ମହାନ୍ତି, ଚିନ୍ତାକୁଡ଼ା, ହିଞ୍ଜିଳିକାଟୁ, ଗଞ୍ଜାମ
ପାଠକ ଶ୍ରେଷ୍ଠ ବିଚାରକ ପାଇଁ ଚିଠି ପଠାଇବାର ଠିକଣା : ସମ୍ପାଦକ, ଧରିତ୍ରୀ, ବି-୧୫, ଇଣ୍ଡଷ୍ଟ୍ରିଆଲ ଇଷ୍ଟେଟ, ଭୁବନେଶ୍ୱର-୭୫୧୦୧୦
କେବଳ ଚିଠିପତ୍ର ପାଇଁ ବ୍ୟବହାର କରନ୍ତୁ :
E-mail:dharitripress@gmail.com
(Use only for letters to Editor, news & news photos)
କେବଳ ବିଜ୍ଞାପନ ପାଇଁ ବ୍ୟବହାର କରନ୍ତୁ :
E-mail:advt@dharitri.com
:miku11@yahoo.com (Use only for advertisements, commercial queries)
